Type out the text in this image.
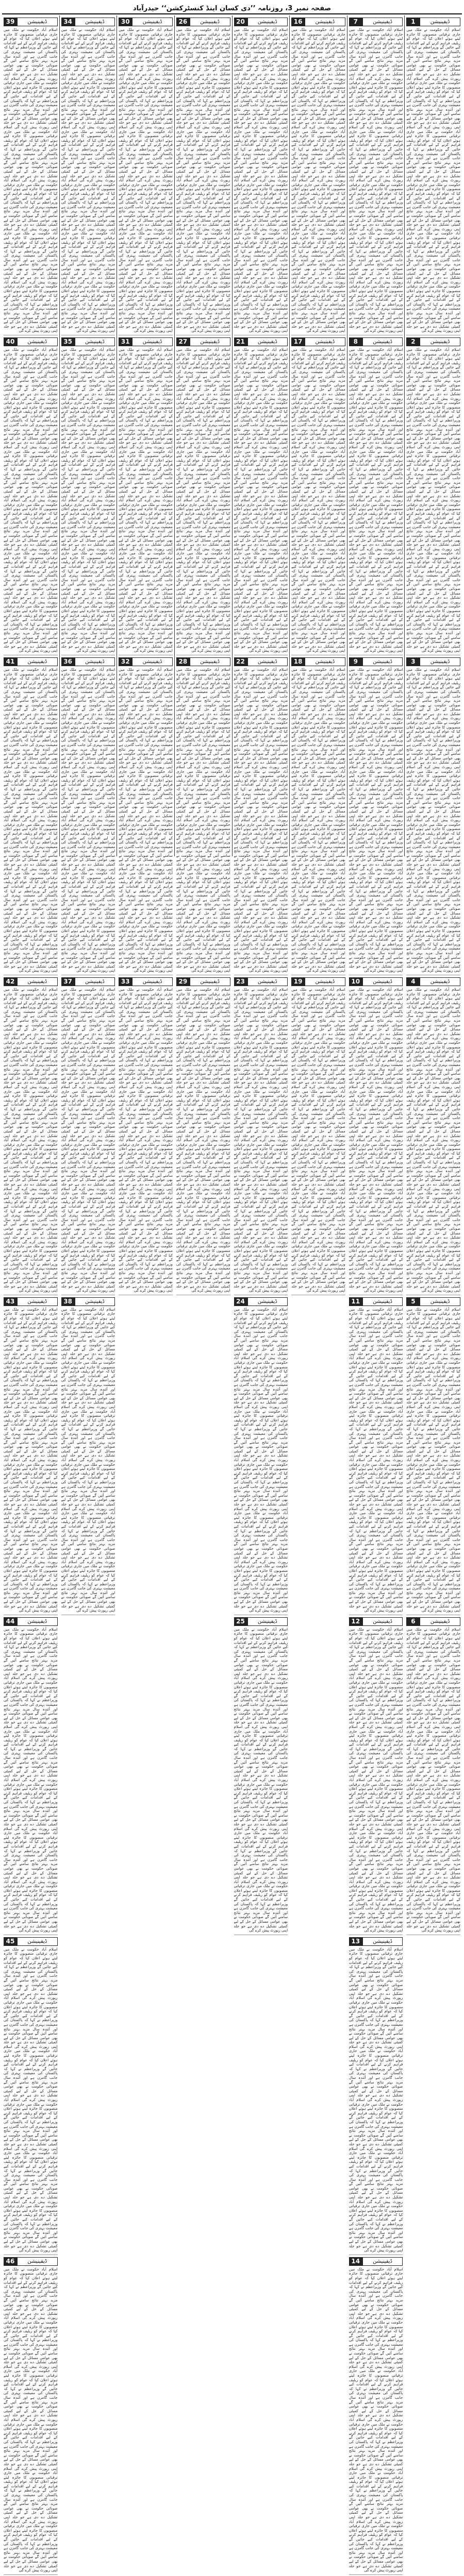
صفحہ نمبر 3، روزنامہ ’’دی کسان اینڈ کنسٹرکشن‘‘ حیدرآباد
1	ڈیفینیشن
اسلام آباد حکومت نے ملک میں جاری ترقیاتی منصوبوں کا جائزہ لیتے ہوئے اعلان کیا کہ عوام کو ریلیف فراہم کرنے کے لیے اقدامات کیے جائیں گے وزیراعظم نے کہا کہ پاکستان کی معیشت بہتری کی جانب گامزن ہے اور آئندہ سال مزید بہتر نتائج سامنے آئیں گے صوبائی حکومت نے بھی عوامی مسائل کے حل کے لیے کمیٹی تشکیل دے دی ہے جو جلد اپنی رپورٹ پیش کرے گی اسلام آباد حکومت نے ملک میں جاری ترقیاتی منصوبوں کا جائزہ لیتے ہوئے اعلان کیا کہ عوام کو ریلیف فراہم کرنے کے لیے اقدامات کیے جائیں گے وزیراعظم نے کہا کہ پاکستان کی معیشت بہتری کی جانب گامزن ہے اور آئندہ سال مزید بہتر نتائج سامنے آئیں گے صوبائی حکومت نے بھی عوامی مسائل کے حل کے لیے کمیٹی تشکیل دے دی ہے جو جلد اپنی رپورٹ پیش کرے گی اسلام آباد حکومت نے ملک میں جاری ترقیاتی منصوبوں کا جائزہ لیتے ہوئے اعلان کیا کہ عوام کو ریلیف فراہم کرنے کے لیے اقدامات کیے جائیں گے وزیراعظم نے کہا کہ پاکستان کی معیشت بہتری کی جانب گامزن ہے اور آئندہ سال مزید بہتر نتائج سامنے آئیں گے صوبائی حکومت نے بھی عوامی مسائل کے حل کے لیے کمیٹی تشکیل دے دی ہے جو جلد اپنی رپورٹ پیش کرے گی اسلام آباد حکومت نے ملک میں جاری ترقیاتی منصوبوں کا جائزہ لیتے ہوئے اعلان کیا کہ عوام کو ریلیف فراہم کرنے کے لیے اقدامات کیے جائیں گے وزیراعظم نے کہا کہ پاکستان کی معیشت بہتری کی جانب گامزن ہے اور آئندہ سال مزید بہتر نتائج سامنے آئیں گے صوبائی حکومت نے بھی عوامی مسائل کے حل کے لیے کمیٹی تشکیل دے دی ہے جو جلد اپنی رپورٹ پیش کرے گی اسلام آباد حکومت نے ملک میں جاری ترقیاتی منصوبوں کا جائزہ لیتے ہوئے اعلان کیا کہ عوام کو ریلیف فراہم کرنے کے لیے اقدامات کیے جائیں گے وزیراعظم نے کہا کہ پاکستان کی معیشت بہتری کی جانب گامزن ہے اور آئندہ سال مزید بہتر نتائج سامنے آئیں گے صوبائی حکومت نے بھی عوامی مسائل کے حل کے لیے کمیٹی تشکیل دے دی ہے جو جلد اپنی رپورٹ پیش کرے گی اسلام آباد حکومت نے ملک میں جاری ترقیاتی منصوبوں کا جائزہ لیتے ہوئے اعلان کیا کہ عوام کو ریلیف فراہم کرنے کے لیے اقدامات کیے جائیں گے وزیراعظم نے کہا کہ پاکستان کی معیشت بہتری کی جانب گامزن ہے اور آئندہ سال مزید بہتر نتائج سامنے آئیں گے صوبائی حکومت نے بھی عوامی مسائل کے حل کے لیے کمیٹی تشکیل دے دی ہے جو جلد اپنی رپورٹ پیش کرے گی
2	ڈیفینیشن
اسلام آباد حکومت نے ملک میں جاری ترقیاتی منصوبوں کا جائزہ لیتے ہوئے اعلان کیا کہ عوام کو ریلیف فراہم کرنے کے لیے اقدامات کیے جائیں گے وزیراعظم نے کہا کہ پاکستان کی معیشت بہتری کی جانب گامزن ہے اور آئندہ سال مزید بہتر نتائج سامنے آئیں گے صوبائی حکومت نے بھی عوامی مسائل کے حل کے لیے کمیٹی تشکیل دے دی ہے جو جلد اپنی رپورٹ پیش کرے گی اسلام آباد حکومت نے ملک میں جاری ترقیاتی منصوبوں کا جائزہ لیتے ہوئے اعلان کیا کہ عوام کو ریلیف فراہم کرنے کے لیے اقدامات کیے جائیں گے وزیراعظم نے کہا کہ پاکستان کی معیشت بہتری کی جانب گامزن ہے اور آئندہ سال مزید بہتر نتائج سامنے آئیں گے صوبائی حکومت نے بھی عوامی مسائل کے حل کے لیے کمیٹی تشکیل دے دی ہے جو جلد اپنی رپورٹ پیش کرے گی اسلام آباد حکومت نے ملک میں جاری ترقیاتی منصوبوں کا جائزہ لیتے ہوئے اعلان کیا کہ عوام کو ریلیف فراہم کرنے کے لیے اقدامات کیے جائیں گے وزیراعظم نے کہا کہ پاکستان کی معیشت بہتری کی جانب گامزن ہے اور آئندہ سال مزید بہتر نتائج سامنے آئیں گے صوبائی حکومت نے بھی عوامی مسائل کے حل کے لیے کمیٹی تشکیل دے دی ہے جو جلد اپنی رپورٹ پیش کرے گی اسلام آباد حکومت نے ملک میں جاری ترقیاتی منصوبوں کا جائزہ لیتے ہوئے اعلان کیا کہ عوام کو ریلیف فراہم کرنے کے لیے اقدامات کیے جائیں گے وزیراعظم نے کہا کہ پاکستان کی معیشت بہتری کی جانب گامزن ہے اور آئندہ سال مزید بہتر نتائج سامنے آئیں گے صوبائی حکومت نے بھی عوامی مسائل کے حل کے لیے کمیٹی تشکیل دے دی ہے جو جلد اپنی رپورٹ پیش کرے گی اسلام آباد حکومت نے ملک میں جاری ترقیاتی منصوبوں کا جائزہ لیتے ہوئے اعلان کیا کہ عوام کو ریلیف فراہم کرنے کے لیے اقدامات کیے جائیں گے وزیراعظم نے کہا کہ پاکستان کی معیشت بہتری کی جانب گامزن ہے اور آئندہ سال مزید بہتر نتائج سامنے آئیں گے صوبائی حکومت نے بھی عوامی مسائل کے حل کے لیے کمیٹی تشکیل دے دی ہے جو جلد اپنی رپورٹ پیش کرے گی اسلام آباد حکومت نے ملک میں جاری ترقیاتی منصوبوں کا جائزہ لیتے ہوئے اعلان کیا کہ عوام کو ریلیف فراہم کرنے کے لیے اقدامات کیے جائیں گے وزیراعظم نے کہا کہ پاکستان کی معیشت بہتری کی جانب گامزن ہے اور آئندہ سال مزید بہتر نتائج سامنے آئیں گے صوبائی حکومت نے بھی عوامی مسائل کے حل کے لیے کمیٹی تشکیل دے دی ہے جو جلد اپنی رپورٹ پیش کرے گی
3	ڈیفینیشن
اسلام آباد حکومت نے ملک میں جاری ترقیاتی منصوبوں کا جائزہ لیتے ہوئے اعلان کیا کہ عوام کو ریلیف فراہم کرنے کے لیے اقدامات کیے جائیں گے وزیراعظم نے کہا کہ پاکستان کی معیشت بہتری کی جانب گامزن ہے اور آئندہ سال مزید بہتر نتائج سامنے آئیں گے صوبائی حکومت نے بھی عوامی مسائل کے حل کے لیے کمیٹی تشکیل دے دی ہے جو جلد اپنی رپورٹ پیش کرے گی اسلام آباد حکومت نے ملک میں جاری ترقیاتی منصوبوں کا جائزہ لیتے ہوئے اعلان کیا کہ عوام کو ریلیف فراہم کرنے کے لیے اقدامات کیے جائیں گے وزیراعظم نے کہا کہ پاکستان کی معیشت بہتری کی جانب گامزن ہے اور آئندہ سال مزید بہتر نتائج سامنے آئیں گے صوبائی حکومت نے بھی عوامی مسائل کے حل کے لیے کمیٹی تشکیل دے دی ہے جو جلد اپنی رپورٹ پیش کرے گی اسلام آباد حکومت نے ملک میں جاری ترقیاتی منصوبوں کا جائزہ لیتے ہوئے اعلان کیا کہ عوام کو ریلیف فراہم کرنے کے لیے اقدامات کیے جائیں گے وزیراعظم نے کہا کہ پاکستان کی معیشت بہتری کی جانب گامزن ہے اور آئندہ سال مزید بہتر نتائج سامنے آئیں گے صوبائی حکومت نے بھی عوامی مسائل کے حل کے لیے کمیٹی تشکیل دے دی ہے جو جلد اپنی رپورٹ پیش کرے گی اسلام آباد حکومت نے ملک میں جاری ترقیاتی منصوبوں کا جائزہ لیتے ہوئے اعلان کیا کہ عوام کو ریلیف فراہم کرنے کے لیے اقدامات کیے جائیں گے وزیراعظم نے کہا کہ پاکستان کی معیشت بہتری کی جانب گامزن ہے اور آئندہ سال مزید بہتر نتائج سامنے آئیں گے صوبائی حکومت نے بھی عوامی مسائل کے حل کے لیے کمیٹی تشکیل دے دی ہے جو جلد اپنی رپورٹ پیش کرے گی اسلام آباد حکومت نے ملک میں جاری ترقیاتی منصوبوں کا جائزہ لیتے ہوئے اعلان کیا کہ عوام کو ریلیف فراہم کرنے کے لیے اقدامات کیے جائیں گے وزیراعظم نے کہا کہ پاکستان کی معیشت بہتری کی جانب گامزن ہے اور آئندہ سال مزید بہتر نتائج سامنے آئیں گے صوبائی حکومت نے بھی عوامی مسائل کے حل کے لیے کمیٹی تشکیل دے دی ہے جو جلد اپنی رپورٹ پیش کرے گی اسلام آباد حکومت نے ملک میں جاری ترقیاتی منصوبوں کا جائزہ لیتے ہوئے اعلان کیا کہ عوام کو ریلیف فراہم کرنے کے لیے اقدامات کیے جائیں گے وزیراعظم نے کہا کہ پاکستان کی معیشت بہتری کی جانب گامزن ہے اور آئندہ سال مزید بہتر نتائج سامنے آئیں گے صوبائی حکومت نے بھی عوامی مسائل کے حل کے لیے کمیٹی تشکیل دے دی ہے جو جلد اپنی رپورٹ پیش کرے گی
4	ڈیفینیشن
اسلام آباد حکومت نے ملک میں جاری ترقیاتی منصوبوں کا جائزہ لیتے ہوئے اعلان کیا کہ عوام کو ریلیف فراہم کرنے کے لیے اقدامات کیے جائیں گے وزیراعظم نے کہا کہ پاکستان کی معیشت بہتری کی جانب گامزن ہے اور آئندہ سال مزید بہتر نتائج سامنے آئیں گے صوبائی حکومت نے بھی عوامی مسائل کے حل کے لیے کمیٹی تشکیل دے دی ہے جو جلد اپنی رپورٹ پیش کرے گی اسلام آباد حکومت نے ملک میں جاری ترقیاتی منصوبوں کا جائزہ لیتے ہوئے اعلان کیا کہ عوام کو ریلیف فراہم کرنے کے لیے اقدامات کیے جائیں گے وزیراعظم نے کہا کہ پاکستان کی معیشت بہتری کی جانب گامزن ہے اور آئندہ سال مزید بہتر نتائج سامنے آئیں گے صوبائی حکومت نے بھی عوامی مسائل کے حل کے لیے کمیٹی تشکیل دے دی ہے جو جلد اپنی رپورٹ پیش کرے گی اسلام آباد حکومت نے ملک میں جاری ترقیاتی منصوبوں کا جائزہ لیتے ہوئے اعلان کیا کہ عوام کو ریلیف فراہم کرنے کے لیے اقدامات کیے جائیں گے وزیراعظم نے کہا کہ پاکستان کی معیشت بہتری کی جانب گامزن ہے اور آئندہ سال مزید بہتر نتائج سامنے آئیں گے صوبائی حکومت نے بھی عوامی مسائل کے حل کے لیے کمیٹی تشکیل دے دی ہے جو جلد اپنی رپورٹ پیش کرے گی اسلام آباد حکومت نے ملک میں جاری ترقیاتی منصوبوں کا جائزہ لیتے ہوئے اعلان کیا کہ عوام کو ریلیف فراہم کرنے کے لیے اقدامات کیے جائیں گے وزیراعظم نے کہا کہ پاکستان کی معیشت بہتری کی جانب گامزن ہے اور آئندہ سال مزید بہتر نتائج سامنے آئیں گے صوبائی حکومت نے بھی عوامی مسائل کے حل کے لیے کمیٹی تشکیل دے دی ہے جو جلد اپنی رپورٹ پیش کرے گی اسلام آباد حکومت نے ملک میں جاری ترقیاتی منصوبوں کا جائزہ لیتے ہوئے اعلان کیا کہ عوام کو ریلیف فراہم کرنے کے لیے اقدامات کیے جائیں گے وزیراعظم نے کہا کہ پاکستان کی معیشت بہتری کی جانب گامزن ہے اور آئندہ سال مزید بہتر نتائج سامنے آئیں گے صوبائی حکومت نے بھی عوامی مسائل کے حل کے لیے کمیٹی تشکیل دے دی ہے جو جلد اپنی رپورٹ پیش کرے گی اسلام آباد حکومت نے ملک میں جاری ترقیاتی منصوبوں کا جائزہ لیتے ہوئے اعلان کیا کہ عوام کو ریلیف فراہم کرنے کے لیے اقدامات کیے جائیں گے وزیراعظم نے کہا کہ پاکستان کی معیشت بہتری کی جانب گامزن ہے اور آئندہ سال مزید بہتر نتائج سامنے آئیں گے صوبائی حکومت نے بھی عوامی مسائل کے حل کے لیے کمیٹی تشکیل دے دی ہے جو جلد اپنی رپورٹ پیش کرے گی
5	ڈیفینیشن
اسلام آباد حکومت نے ملک میں جاری ترقیاتی منصوبوں کا جائزہ لیتے ہوئے اعلان کیا کہ عوام کو ریلیف فراہم کرنے کے لیے اقدامات کیے جائیں گے وزیراعظم نے کہا کہ پاکستان کی معیشت بہتری کی جانب گامزن ہے اور آئندہ سال مزید بہتر نتائج سامنے آئیں گے صوبائی حکومت نے بھی عوامی مسائل کے حل کے لیے کمیٹی تشکیل دے دی ہے جو جلد اپنی رپورٹ پیش کرے گی اسلام آباد حکومت نے ملک میں جاری ترقیاتی منصوبوں کا جائزہ لیتے ہوئے اعلان کیا کہ عوام کو ریلیف فراہم کرنے کے لیے اقدامات کیے جائیں گے وزیراعظم نے کہا کہ پاکستان کی معیشت بہتری کی جانب گامزن ہے اور آئندہ سال مزید بہتر نتائج سامنے آئیں گے صوبائی حکومت نے بھی عوامی مسائل کے حل کے لیے کمیٹی تشکیل دے دی ہے جو جلد اپنی رپورٹ پیش کرے گی اسلام آباد حکومت نے ملک میں جاری ترقیاتی منصوبوں کا جائزہ لیتے ہوئے اعلان کیا کہ عوام کو ریلیف فراہم کرنے کے لیے اقدامات کیے جائیں گے وزیراعظم نے کہا کہ پاکستان کی معیشت بہتری کی جانب گامزن ہے اور آئندہ سال مزید بہتر نتائج سامنے آئیں گے صوبائی حکومت نے بھی عوامی مسائل کے حل کے لیے کمیٹی تشکیل دے دی ہے جو جلد اپنی رپورٹ پیش کرے گی اسلام آباد حکومت نے ملک میں جاری ترقیاتی منصوبوں کا جائزہ لیتے ہوئے اعلان کیا کہ عوام کو ریلیف فراہم کرنے کے لیے اقدامات کیے جائیں گے وزیراعظم نے کہا کہ پاکستان کی معیشت بہتری کی جانب گامزن ہے اور آئندہ سال مزید بہتر نتائج سامنے آئیں گے صوبائی حکومت نے بھی عوامی مسائل کے حل کے لیے کمیٹی تشکیل دے دی ہے جو جلد اپنی رپورٹ پیش کرے گی اسلام آباد حکومت نے ملک میں جاری ترقیاتی منصوبوں کا جائزہ لیتے ہوئے اعلان کیا کہ عوام کو ریلیف فراہم کرنے کے لیے اقدامات کیے جائیں گے وزیراعظم نے کہا کہ پاکستان کی معیشت بہتری کی جانب گامزن ہے اور آئندہ سال مزید بہتر نتائج سامنے آئیں گے صوبائی حکومت نے بھی عوامی مسائل کے حل کے لیے کمیٹی تشکیل دے دی ہے جو جلد اپنی رپورٹ پیش کرے گی اسلام آباد حکومت نے ملک میں جاری ترقیاتی منصوبوں کا جائزہ لیتے ہوئے اعلان کیا کہ عوام کو ریلیف فراہم کرنے کے لیے اقدامات کیے جائیں گے وزیراعظم نے کہا کہ پاکستان کی معیشت بہتری کی جانب گامزن ہے اور آئندہ سال مزید بہتر نتائج سامنے آئیں گے صوبائی حکومت نے بھی عوامی مسائل کے حل کے لیے کمیٹی تشکیل دے دی ہے جو جلد اپنی رپورٹ پیش کرے گی
6	ڈیفینیشن
اسلام آباد حکومت نے ملک میں جاری ترقیاتی منصوبوں کا جائزہ لیتے ہوئے اعلان کیا کہ عوام کو ریلیف فراہم کرنے کے لیے اقدامات کیے جائیں گے وزیراعظم نے کہا کہ پاکستان کی معیشت بہتری کی جانب گامزن ہے اور آئندہ سال مزید بہتر نتائج سامنے آئیں گے صوبائی حکومت نے بھی عوامی مسائل کے حل کے لیے کمیٹی تشکیل دے دی ہے جو جلد اپنی رپورٹ پیش کرے گی اسلام آباد حکومت نے ملک میں جاری ترقیاتی منصوبوں کا جائزہ لیتے ہوئے اعلان کیا کہ عوام کو ریلیف فراہم کرنے کے لیے اقدامات کیے جائیں گے وزیراعظم نے کہا کہ پاکستان کی معیشت بہتری کی جانب گامزن ہے اور آئندہ سال مزید بہتر نتائج سامنے آئیں گے صوبائی حکومت نے بھی عوامی مسائل کے حل کے لیے کمیٹی تشکیل دے دی ہے جو جلد اپنی رپورٹ پیش کرے گی اسلام آباد حکومت نے ملک میں جاری ترقیاتی منصوبوں کا جائزہ لیتے ہوئے اعلان کیا کہ عوام کو ریلیف فراہم کرنے کے لیے اقدامات کیے جائیں گے وزیراعظم نے کہا کہ پاکستان کی معیشت بہتری کی جانب گامزن ہے اور آئندہ سال مزید بہتر نتائج سامنے آئیں گے صوبائی حکومت نے بھی عوامی مسائل کے حل کے لیے کمیٹی تشکیل دے دی ہے جو جلد اپنی رپورٹ پیش کرے گی اسلام آباد حکومت نے ملک میں جاری ترقیاتی منصوبوں کا جائزہ لیتے ہوئے اعلان کیا کہ عوام کو ریلیف فراہم کرنے کے لیے اقدامات کیے جائیں گے وزیراعظم نے کہا کہ پاکستان کی معیشت بہتری کی جانب گامزن ہے اور آئندہ سال مزید بہتر نتائج سامنے آئیں گے صوبائی حکومت نے بھی عوامی مسائل کے حل کے لیے کمیٹی تشکیل دے دی ہے جو جلد اپنی رپورٹ پیش کرے گی اسلام آباد حکومت نے ملک میں جاری ترقیاتی منصوبوں کا جائزہ لیتے ہوئے اعلان کیا کہ عوام کو ریلیف فراہم کرنے کے لیے اقدامات کیے جائیں گے وزیراعظم نے کہا کہ پاکستان کی معیشت بہتری کی جانب گامزن ہے اور آئندہ سال مزید بہتر نتائج سامنے آئیں گے صوبائی حکومت نے بھی عوامی مسائل کے حل کے لیے کمیٹی تشکیل دے دی ہے جو جلد اپنی رپورٹ پیش کرے گی اسلام آباد حکومت نے ملک میں جاری ترقیاتی منصوبوں کا جائزہ لیتے ہوئے اعلان کیا کہ عوام کو ریلیف فراہم کرنے کے لیے اقدامات کیے جائیں گے وزیراعظم نے کہا کہ پاکستان کی معیشت بہتری کی جانب گامزن ہے اور آئندہ سال مزید بہتر نتائج سامنے آئیں گے صوبائی حکومت نے بھی عوامی مسائل کے حل کے لیے کمیٹی تشکیل دے دی ہے جو جلد اپنی رپورٹ پیش کرے گی
7	ڈیفینیشن
اسلام آباد حکومت نے ملک میں جاری ترقیاتی منصوبوں کا جائزہ لیتے ہوئے اعلان کیا کہ عوام کو ریلیف فراہم کرنے کے لیے اقدامات کیے جائیں گے وزیراعظم نے کہا کہ پاکستان کی معیشت بہتری کی جانب گامزن ہے اور آئندہ سال مزید بہتر نتائج سامنے آئیں گے صوبائی حکومت نے بھی عوامی مسائل کے حل کے لیے کمیٹی تشکیل دے دی ہے جو جلد اپنی رپورٹ پیش کرے گی اسلام آباد حکومت نے ملک میں جاری ترقیاتی منصوبوں کا جائزہ لیتے ہوئے اعلان کیا کہ عوام کو ریلیف فراہم کرنے کے لیے اقدامات کیے جائیں گے وزیراعظم نے کہا کہ پاکستان کی معیشت بہتری کی جانب گامزن ہے اور آئندہ سال مزید بہتر نتائج سامنے آئیں گے صوبائی حکومت نے بھی عوامی مسائل کے حل کے لیے کمیٹی تشکیل دے دی ہے جو جلد اپنی رپورٹ پیش کرے گی اسلام آباد حکومت نے ملک میں جاری ترقیاتی منصوبوں کا جائزہ لیتے ہوئے اعلان کیا کہ عوام کو ریلیف فراہم کرنے کے لیے اقدامات کیے جائیں گے وزیراعظم نے کہا کہ پاکستان کی معیشت بہتری کی جانب گامزن ہے اور آئندہ سال مزید بہتر نتائج سامنے آئیں گے صوبائی حکومت نے بھی عوامی مسائل کے حل کے لیے کمیٹی تشکیل دے دی ہے جو جلد اپنی رپورٹ پیش کرے گی اسلام آباد حکومت نے ملک میں جاری ترقیاتی منصوبوں کا جائزہ لیتے ہوئے اعلان کیا کہ عوام کو ریلیف فراہم کرنے کے لیے اقدامات کیے جائیں گے وزیراعظم نے کہا کہ پاکستان کی معیشت بہتری کی جانب گامزن ہے اور آئندہ سال مزید بہتر نتائج سامنے آئیں گے صوبائی حکومت نے بھی عوامی مسائل کے حل کے لیے کمیٹی تشکیل دے دی ہے جو جلد اپنی رپورٹ پیش کرے گی اسلام آباد حکومت نے ملک میں جاری ترقیاتی منصوبوں کا جائزہ لیتے ہوئے اعلان کیا کہ عوام کو ریلیف فراہم کرنے کے لیے اقدامات کیے جائیں گے وزیراعظم نے کہا کہ پاکستان کی معیشت بہتری کی جانب گامزن ہے اور آئندہ سال مزید بہتر نتائج سامنے آئیں گے صوبائی حکومت نے بھی عوامی مسائل کے حل کے لیے کمیٹی تشکیل دے دی ہے جو جلد اپنی رپورٹ پیش کرے گی اسلام آباد حکومت نے ملک میں جاری ترقیاتی منصوبوں کا جائزہ لیتے ہوئے اعلان کیا کہ عوام کو ریلیف فراہم کرنے کے لیے اقدامات کیے جائیں گے وزیراعظم نے کہا کہ پاکستان کی معیشت بہتری کی جانب گامزن ہے اور آئندہ سال مزید بہتر نتائج سامنے آئیں گے صوبائی حکومت نے بھی عوامی مسائل کے حل کے لیے کمیٹی تشکیل دے دی ہے جو جلد اپنی رپورٹ پیش کرے گی
8	ڈیفینیشن
اسلام آباد حکومت نے ملک میں جاری ترقیاتی منصوبوں کا جائزہ لیتے ہوئے اعلان کیا کہ عوام کو ریلیف فراہم کرنے کے لیے اقدامات کیے جائیں گے وزیراعظم نے کہا کہ پاکستان کی معیشت بہتری کی جانب گامزن ہے اور آئندہ سال مزید بہتر نتائج سامنے آئیں گے صوبائی حکومت نے بھی عوامی مسائل کے حل کے لیے کمیٹی تشکیل دے دی ہے جو جلد اپنی رپورٹ پیش کرے گی اسلام آباد حکومت نے ملک میں جاری ترقیاتی منصوبوں کا جائزہ لیتے ہوئے اعلان کیا کہ عوام کو ریلیف فراہم کرنے کے لیے اقدامات کیے جائیں گے وزیراعظم نے کہا کہ پاکستان کی معیشت بہتری کی جانب گامزن ہے اور آئندہ سال مزید بہتر نتائج سامنے آئیں گے صوبائی حکومت نے بھی عوامی مسائل کے حل کے لیے کمیٹی تشکیل دے دی ہے جو جلد اپنی رپورٹ پیش کرے گی اسلام آباد حکومت نے ملک میں جاری ترقیاتی منصوبوں کا جائزہ لیتے ہوئے اعلان کیا کہ عوام کو ریلیف فراہم کرنے کے لیے اقدامات کیے جائیں گے وزیراعظم نے کہا کہ پاکستان کی معیشت بہتری کی جانب گامزن ہے اور آئندہ سال مزید بہتر نتائج سامنے آئیں گے صوبائی حکومت نے بھی عوامی مسائل کے حل کے لیے کمیٹی تشکیل دے دی ہے جو جلد اپنی رپورٹ پیش کرے گی اسلام آباد حکومت نے ملک میں جاری ترقیاتی منصوبوں کا جائزہ لیتے ہوئے اعلان کیا کہ عوام کو ریلیف فراہم کرنے کے لیے اقدامات کیے جائیں گے وزیراعظم نے کہا کہ پاکستان کی معیشت بہتری کی جانب گامزن ہے اور آئندہ سال مزید بہتر نتائج سامنے آئیں گے صوبائی حکومت نے بھی عوامی مسائل کے حل کے لیے کمیٹی تشکیل دے دی ہے جو جلد اپنی رپورٹ پیش کرے گی اسلام آباد حکومت نے ملک میں جاری ترقیاتی منصوبوں کا جائزہ لیتے ہوئے اعلان کیا کہ عوام کو ریلیف فراہم کرنے کے لیے اقدامات کیے جائیں گے وزیراعظم نے کہا کہ پاکستان کی معیشت بہتری کی جانب گامزن ہے اور آئندہ سال مزید بہتر نتائج سامنے آئیں گے صوبائی حکومت نے بھی عوامی مسائل کے حل کے لیے کمیٹی تشکیل دے دی ہے جو جلد اپنی رپورٹ پیش کرے گی اسلام آباد حکومت نے ملک میں جاری ترقیاتی منصوبوں کا جائزہ لیتے ہوئے اعلان کیا کہ عوام کو ریلیف فراہم کرنے کے لیے اقدامات کیے جائیں گے وزیراعظم نے کہا کہ پاکستان کی معیشت بہتری کی جانب گامزن ہے اور آئندہ سال مزید بہتر نتائج سامنے آئیں گے صوبائی حکومت نے بھی عوامی مسائل کے حل کے لیے کمیٹی تشکیل دے دی ہے جو جلد اپنی رپورٹ پیش کرے گی
9	ڈیفینیشن
اسلام آباد حکومت نے ملک میں جاری ترقیاتی منصوبوں کا جائزہ لیتے ہوئے اعلان کیا کہ عوام کو ریلیف فراہم کرنے کے لیے اقدامات کیے جائیں گے وزیراعظم نے کہا کہ پاکستان کی معیشت بہتری کی جانب گامزن ہے اور آئندہ سال مزید بہتر نتائج سامنے آئیں گے صوبائی حکومت نے بھی عوامی مسائل کے حل کے لیے کمیٹی تشکیل دے دی ہے جو جلد اپنی رپورٹ پیش کرے گی اسلام آباد حکومت نے ملک میں جاری ترقیاتی منصوبوں کا جائزہ لیتے ہوئے اعلان کیا کہ عوام کو ریلیف فراہم کرنے کے لیے اقدامات کیے جائیں گے وزیراعظم نے کہا کہ پاکستان کی معیشت بہتری کی جانب گامزن ہے اور آئندہ سال مزید بہتر نتائج سامنے آئیں گے صوبائی حکومت نے بھی عوامی مسائل کے حل کے لیے کمیٹی تشکیل دے دی ہے جو جلد اپنی رپورٹ پیش کرے گی اسلام آباد حکومت نے ملک میں جاری ترقیاتی منصوبوں کا جائزہ لیتے ہوئے اعلان کیا کہ عوام کو ریلیف فراہم کرنے کے لیے اقدامات کیے جائیں گے وزیراعظم نے کہا کہ پاکستان کی معیشت بہتری کی جانب گامزن ہے اور آئندہ سال مزید بہتر نتائج سامنے آئیں گے صوبائی حکومت نے بھی عوامی مسائل کے حل کے لیے کمیٹی تشکیل دے دی ہے جو جلد اپنی رپورٹ پیش کرے گی اسلام آباد حکومت نے ملک میں جاری ترقیاتی منصوبوں کا جائزہ لیتے ہوئے اعلان کیا کہ عوام کو ریلیف فراہم کرنے کے لیے اقدامات کیے جائیں گے وزیراعظم نے کہا کہ پاکستان کی معیشت بہتری کی جانب گامزن ہے اور آئندہ سال مزید بہتر نتائج سامنے آئیں گے صوبائی حکومت نے بھی عوامی مسائل کے حل کے لیے کمیٹی تشکیل دے دی ہے جو جلد اپنی رپورٹ پیش کرے گی اسلام آباد حکومت نے ملک میں جاری ترقیاتی منصوبوں کا جائزہ لیتے ہوئے اعلان کیا کہ عوام کو ریلیف فراہم کرنے کے لیے اقدامات کیے جائیں گے وزیراعظم نے کہا کہ پاکستان کی معیشت بہتری کی جانب گامزن ہے اور آئندہ سال مزید بہتر نتائج سامنے آئیں گے صوبائی حکومت نے بھی عوامی مسائل کے حل کے لیے کمیٹی تشکیل دے دی ہے جو جلد اپنی رپورٹ پیش کرے گی اسلام آباد حکومت نے ملک میں جاری ترقیاتی منصوبوں کا جائزہ لیتے ہوئے اعلان کیا کہ عوام کو ریلیف فراہم کرنے کے لیے اقدامات کیے جائیں گے وزیراعظم نے کہا کہ پاکستان کی معیشت بہتری کی جانب گامزن ہے اور آئندہ سال مزید بہتر نتائج سامنے آئیں گے صوبائی حکومت نے بھی عوامی مسائل کے حل کے لیے کمیٹی تشکیل دے دی ہے جو جلد اپنی رپورٹ پیش کرے گی
10	ڈیفینیشن
اسلام آباد حکومت نے ملک میں جاری ترقیاتی منصوبوں کا جائزہ لیتے ہوئے اعلان کیا کہ عوام کو ریلیف فراہم کرنے کے لیے اقدامات کیے جائیں گے وزیراعظم نے کہا کہ پاکستان کی معیشت بہتری کی جانب گامزن ہے اور آئندہ سال مزید بہتر نتائج سامنے آئیں گے صوبائی حکومت نے بھی عوامی مسائل کے حل کے لیے کمیٹی تشکیل دے دی ہے جو جلد اپنی رپورٹ پیش کرے گی اسلام آباد حکومت نے ملک میں جاری ترقیاتی منصوبوں کا جائزہ لیتے ہوئے اعلان کیا کہ عوام کو ریلیف فراہم کرنے کے لیے اقدامات کیے جائیں گے وزیراعظم نے کہا کہ پاکستان کی معیشت بہتری کی جانب گامزن ہے اور آئندہ سال مزید بہتر نتائج سامنے آئیں گے صوبائی حکومت نے بھی عوامی مسائل کے حل کے لیے کمیٹی تشکیل دے دی ہے جو جلد اپنی رپورٹ پیش کرے گی اسلام آباد حکومت نے ملک میں جاری ترقیاتی منصوبوں کا جائزہ لیتے ہوئے اعلان کیا کہ عوام کو ریلیف فراہم کرنے کے لیے اقدامات کیے جائیں گے وزیراعظم نے کہا کہ پاکستان کی معیشت بہتری کی جانب گامزن ہے اور آئندہ سال مزید بہتر نتائج سامنے آئیں گے صوبائی حکومت نے بھی عوامی مسائل کے حل کے لیے کمیٹی تشکیل دے دی ہے جو جلد اپنی رپورٹ پیش کرے گی اسلام آباد حکومت نے ملک میں جاری ترقیاتی منصوبوں کا جائزہ لیتے ہوئے اعلان کیا کہ عوام کو ریلیف فراہم کرنے کے لیے اقدامات کیے جائیں گے وزیراعظم نے کہا کہ پاکستان کی معیشت بہتری کی جانب گامزن ہے اور آئندہ سال مزید بہتر نتائج سامنے آئیں گے صوبائی حکومت نے بھی عوامی مسائل کے حل کے لیے کمیٹی تشکیل دے دی ہے جو جلد اپنی رپورٹ پیش کرے گی اسلام آباد حکومت نے ملک میں جاری ترقیاتی منصوبوں کا جائزہ لیتے ہوئے اعلان کیا کہ عوام کو ریلیف فراہم کرنے کے لیے اقدامات کیے جائیں گے وزیراعظم نے کہا کہ پاکستان کی معیشت بہتری کی جانب گامزن ہے اور آئندہ سال مزید بہتر نتائج سامنے آئیں گے صوبائی حکومت نے بھی عوامی مسائل کے حل کے لیے کمیٹی تشکیل دے دی ہے جو جلد اپنی رپورٹ پیش کرے گی اسلام آباد حکومت نے ملک میں جاری ترقیاتی منصوبوں کا جائزہ لیتے ہوئے اعلان کیا کہ عوام کو ریلیف فراہم کرنے کے لیے اقدامات کیے جائیں گے وزیراعظم نے کہا کہ پاکستان کی معیشت بہتری کی جانب گامزن ہے اور آئندہ سال مزید بہتر نتائج سامنے آئیں گے صوبائی حکومت نے بھی عوامی مسائل کے حل کے لیے کمیٹی تشکیل دے دی ہے جو جلد اپنی رپورٹ پیش کرے گی
11	ڈیفینیشن
اسلام آباد حکومت نے ملک میں جاری ترقیاتی منصوبوں کا جائزہ لیتے ہوئے اعلان کیا کہ عوام کو ریلیف فراہم کرنے کے لیے اقدامات کیے جائیں گے وزیراعظم نے کہا کہ پاکستان کی معیشت بہتری کی جانب گامزن ہے اور آئندہ سال مزید بہتر نتائج سامنے آئیں گے صوبائی حکومت نے بھی عوامی مسائل کے حل کے لیے کمیٹی تشکیل دے دی ہے جو جلد اپنی رپورٹ پیش کرے گی اسلام آباد حکومت نے ملک میں جاری ترقیاتی منصوبوں کا جائزہ لیتے ہوئے اعلان کیا کہ عوام کو ریلیف فراہم کرنے کے لیے اقدامات کیے جائیں گے وزیراعظم نے کہا کہ پاکستان کی معیشت بہتری کی جانب گامزن ہے اور آئندہ سال مزید بہتر نتائج سامنے آئیں گے صوبائی حکومت نے بھی عوامی مسائل کے حل کے لیے کمیٹی تشکیل دے دی ہے جو جلد اپنی رپورٹ پیش کرے گی اسلام آباد حکومت نے ملک میں جاری ترقیاتی منصوبوں کا جائزہ لیتے ہوئے اعلان کیا کہ عوام کو ریلیف فراہم کرنے کے لیے اقدامات کیے جائیں گے وزیراعظم نے کہا کہ پاکستان کی معیشت بہتری کی جانب گامزن ہے اور آئندہ سال مزید بہتر نتائج سامنے آئیں گے صوبائی حکومت نے بھی عوامی مسائل کے حل کے لیے کمیٹی تشکیل دے دی ہے جو جلد اپنی رپورٹ پیش کرے گی اسلام آباد حکومت نے ملک میں جاری ترقیاتی منصوبوں کا جائزہ لیتے ہوئے اعلان کیا کہ عوام کو ریلیف فراہم کرنے کے لیے اقدامات کیے جائیں گے وزیراعظم نے کہا کہ پاکستان کی معیشت بہتری کی جانب گامزن ہے اور آئندہ سال مزید بہتر نتائج سامنے آئیں گے صوبائی حکومت نے بھی عوامی مسائل کے حل کے لیے کمیٹی تشکیل دے دی ہے جو جلد اپنی رپورٹ پیش کرے گی اسلام آباد حکومت نے ملک میں جاری ترقیاتی منصوبوں کا جائزہ لیتے ہوئے اعلان کیا کہ عوام کو ریلیف فراہم کرنے کے لیے اقدامات کیے جائیں گے وزیراعظم نے کہا کہ پاکستان کی معیشت بہتری کی جانب گامزن ہے اور آئندہ سال مزید بہتر نتائج سامنے آئیں گے صوبائی حکومت نے بھی عوامی مسائل کے حل کے لیے کمیٹی تشکیل دے دی ہے جو جلد اپنی رپورٹ پیش کرے گی اسلام آباد حکومت نے ملک میں جاری ترقیاتی منصوبوں کا جائزہ لیتے ہوئے اعلان کیا کہ عوام کو ریلیف فراہم کرنے کے لیے اقدامات کیے جائیں گے وزیراعظم نے کہا کہ پاکستان کی معیشت بہتری کی جانب گامزن ہے اور آئندہ سال مزید بہتر نتائج سامنے آئیں گے صوبائی حکومت نے بھی عوامی مسائل کے حل کے لیے کمیٹی تشکیل دے دی ہے جو جلد اپنی رپورٹ پیش کرے گی
12	ڈیفینیشن
اسلام آباد حکومت نے ملک میں جاری ترقیاتی منصوبوں کا جائزہ لیتے ہوئے اعلان کیا کہ عوام کو ریلیف فراہم کرنے کے لیے اقدامات کیے جائیں گے وزیراعظم نے کہا کہ پاکستان کی معیشت بہتری کی جانب گامزن ہے اور آئندہ سال مزید بہتر نتائج سامنے آئیں گے صوبائی حکومت نے بھی عوامی مسائل کے حل کے لیے کمیٹی تشکیل دے دی ہے جو جلد اپنی رپورٹ پیش کرے گی اسلام آباد حکومت نے ملک میں جاری ترقیاتی منصوبوں کا جائزہ لیتے ہوئے اعلان کیا کہ عوام کو ریلیف فراہم کرنے کے لیے اقدامات کیے جائیں گے وزیراعظم نے کہا کہ پاکستان کی معیشت بہتری کی جانب گامزن ہے اور آئندہ سال مزید بہتر نتائج سامنے آئیں گے صوبائی حکومت نے بھی عوامی مسائل کے حل کے لیے کمیٹی تشکیل دے دی ہے جو جلد اپنی رپورٹ پیش کرے گی اسلام آباد حکومت نے ملک میں جاری ترقیاتی منصوبوں کا جائزہ لیتے ہوئے اعلان کیا کہ عوام کو ریلیف فراہم کرنے کے لیے اقدامات کیے جائیں گے وزیراعظم نے کہا کہ پاکستان کی معیشت بہتری کی جانب گامزن ہے اور آئندہ سال مزید بہتر نتائج سامنے آئیں گے صوبائی حکومت نے بھی عوامی مسائل کے حل کے لیے کمیٹی تشکیل دے دی ہے جو جلد اپنی رپورٹ پیش کرے گی اسلام آباد حکومت نے ملک میں جاری ترقیاتی منصوبوں کا جائزہ لیتے ہوئے اعلان کیا کہ عوام کو ریلیف فراہم کرنے کے لیے اقدامات کیے جائیں گے وزیراعظم نے کہا کہ پاکستان کی معیشت بہتری کی جانب گامزن ہے اور آئندہ سال مزید بہتر نتائج سامنے آئیں گے صوبائی حکومت نے بھی عوامی مسائل کے حل کے لیے کمیٹی تشکیل دے دی ہے جو جلد اپنی رپورٹ پیش کرے گی اسلام آباد حکومت نے ملک میں جاری ترقیاتی منصوبوں کا جائزہ لیتے ہوئے اعلان کیا کہ عوام کو ریلیف فراہم کرنے کے لیے اقدامات کیے جائیں گے وزیراعظم نے کہا کہ پاکستان کی معیشت بہتری کی جانب گامزن ہے اور آئندہ سال مزید بہتر نتائج سامنے آئیں گے صوبائی حکومت نے بھی عوامی مسائل کے حل کے لیے کمیٹی تشکیل دے دی ہے جو جلد اپنی رپورٹ پیش کرے گی اسلام آباد حکومت نے ملک میں جاری ترقیاتی منصوبوں کا جائزہ لیتے ہوئے اعلان کیا کہ عوام کو ریلیف فراہم کرنے کے لیے اقدامات کیے جائیں گے وزیراعظم نے کہا کہ پاکستان کی معیشت بہتری کی جانب گامزن ہے اور آئندہ سال مزید بہتر نتائج سامنے آئیں گے صوبائی حکومت نے بھی عوامی مسائل کے حل کے لیے کمیٹی تشکیل دے دی ہے جو جلد اپنی رپورٹ پیش کرے گی
13	ڈیفینیشن
اسلام آباد حکومت نے ملک میں جاری ترقیاتی منصوبوں کا جائزہ لیتے ہوئے اعلان کیا کہ عوام کو ریلیف فراہم کرنے کے لیے اقدامات کیے جائیں گے وزیراعظم نے کہا کہ پاکستان کی معیشت بہتری کی جانب گامزن ہے اور آئندہ سال مزید بہتر نتائج سامنے آئیں گے صوبائی حکومت نے بھی عوامی مسائل کے حل کے لیے کمیٹی تشکیل دے دی ہے جو جلد اپنی رپورٹ پیش کرے گی اسلام آباد حکومت نے ملک میں جاری ترقیاتی منصوبوں کا جائزہ لیتے ہوئے اعلان کیا کہ عوام کو ریلیف فراہم کرنے کے لیے اقدامات کیے جائیں گے وزیراعظم نے کہا کہ پاکستان کی معیشت بہتری کی جانب گامزن ہے اور آئندہ سال مزید بہتر نتائج سامنے آئیں گے صوبائی حکومت نے بھی عوامی مسائل کے حل کے لیے کمیٹی تشکیل دے دی ہے جو جلد اپنی رپورٹ پیش کرے گی اسلام آباد حکومت نے ملک میں جاری ترقیاتی منصوبوں کا جائزہ لیتے ہوئے اعلان کیا کہ عوام کو ریلیف فراہم کرنے کے لیے اقدامات کیے جائیں گے وزیراعظم نے کہا کہ پاکستان کی معیشت بہتری کی جانب گامزن ہے اور آئندہ سال مزید بہتر نتائج سامنے آئیں گے صوبائی حکومت نے بھی عوامی مسائل کے حل کے لیے کمیٹی تشکیل دے دی ہے جو جلد اپنی رپورٹ پیش کرے گی اسلام آباد حکومت نے ملک میں جاری ترقیاتی منصوبوں کا جائزہ لیتے ہوئے اعلان کیا کہ عوام کو ریلیف فراہم کرنے کے لیے اقدامات کیے جائیں گے وزیراعظم نے کہا کہ پاکستان کی معیشت بہتری کی جانب گامزن ہے اور آئندہ سال مزید بہتر نتائج سامنے آئیں گے صوبائی حکومت نے بھی عوامی مسائل کے حل کے لیے کمیٹی تشکیل دے دی ہے جو جلد اپنی رپورٹ پیش کرے گی اسلام آباد حکومت نے ملک میں جاری ترقیاتی منصوبوں کا جائزہ لیتے ہوئے اعلان کیا کہ عوام کو ریلیف فراہم کرنے کے لیے اقدامات کیے جائیں گے وزیراعظم نے کہا کہ پاکستان کی معیشت بہتری کی جانب گامزن ہے اور آئندہ سال مزید بہتر نتائج سامنے آئیں گے صوبائی حکومت نے بھی عوامی مسائل کے حل کے لیے کمیٹی تشکیل دے دی ہے جو جلد اپنی رپورٹ پیش کرے گی اسلام آباد حکومت نے ملک میں جاری ترقیاتی منصوبوں کا جائزہ لیتے ہوئے اعلان کیا کہ عوام کو ریلیف فراہم کرنے کے لیے اقدامات کیے جائیں گے وزیراعظم نے کہا کہ پاکستان کی معیشت بہتری کی جانب گامزن ہے اور آئندہ سال مزید بہتر نتائج سامنے آئیں گے صوبائی حکومت نے بھی عوامی مسائل کے حل کے لیے کمیٹی تشکیل دے دی ہے جو جلد اپنی رپورٹ پیش کرے گی
14	ڈیفینیشن
اسلام آباد حکومت نے ملک میں جاری ترقیاتی منصوبوں کا جائزہ لیتے ہوئے اعلان کیا کہ عوام کو ریلیف فراہم کرنے کے لیے اقدامات کیے جائیں گے وزیراعظم نے کہا کہ پاکستان کی معیشت بہتری کی جانب گامزن ہے اور آئندہ سال مزید بہتر نتائج سامنے آئیں گے صوبائی حکومت نے بھی عوامی مسائل کے حل کے لیے کمیٹی تشکیل دے دی ہے جو جلد اپنی رپورٹ پیش کرے گی اسلام آباد حکومت نے ملک میں جاری ترقیاتی منصوبوں کا جائزہ لیتے ہوئے اعلان کیا کہ عوام کو ریلیف فراہم کرنے کے لیے اقدامات کیے جائیں گے وزیراعظم نے کہا کہ پاکستان کی معیشت بہتری کی جانب گامزن ہے اور آئندہ سال مزید بہتر نتائج سامنے آئیں گے صوبائی حکومت نے بھی عوامی مسائل کے حل کے لیے کمیٹی تشکیل دے دی ہے جو جلد اپنی رپورٹ پیش کرے گی اسلام آباد حکومت نے ملک میں جاری ترقیاتی منصوبوں کا جائزہ لیتے ہوئے اعلان کیا کہ عوام کو ریلیف فراہم کرنے کے لیے اقدامات کیے جائیں گے وزیراعظم نے کہا کہ پاکستان کی معیشت بہتری کی جانب گامزن ہے اور آئندہ سال مزید بہتر نتائج سامنے آئیں گے صوبائی حکومت نے بھی عوامی مسائل کے حل کے لیے کمیٹی تشکیل دے دی ہے جو جلد اپنی رپورٹ پیش کرے گی اسلام آباد حکومت نے ملک میں جاری ترقیاتی منصوبوں کا جائزہ لیتے ہوئے اعلان کیا کہ عوام کو ریلیف فراہم کرنے کے لیے اقدامات کیے جائیں گے وزیراعظم نے کہا کہ پاکستان کی معیشت بہتری کی جانب گامزن ہے اور آئندہ سال مزید بہتر نتائج سامنے آئیں گے صوبائی حکومت نے بھی عوامی مسائل کے حل کے لیے کمیٹی تشکیل دے دی ہے جو جلد اپنی رپورٹ پیش کرے گی اسلام آباد حکومت نے ملک میں جاری ترقیاتی منصوبوں کا جائزہ لیتے ہوئے اعلان کیا کہ عوام کو ریلیف فراہم کرنے کے لیے اقدامات کیے جائیں گے وزیراعظم نے کہا کہ پاکستان کی معیشت بہتری کی جانب گامزن ہے اور آئندہ سال مزید بہتر نتائج سامنے آئیں گے صوبائی حکومت نے بھی عوامی مسائل کے حل کے لیے کمیٹی تشکیل دے دی ہے جو جلد اپنی رپورٹ پیش کرے گی اسلام آباد حکومت نے ملک میں جاری ترقیاتی منصوبوں کا جائزہ لیتے ہوئے اعلان کیا کہ عوام کو ریلیف فراہم کرنے کے لیے اقدامات کیے جائیں گے وزیراعظم نے کہا کہ پاکستان کی معیشت بہتری کی جانب گامزن ہے اور آئندہ سال مزید بہتر نتائج سامنے آئیں گے صوبائی حکومت نے بھی عوامی مسائل کے حل کے لیے کمیٹی تشکیل دے دی ہے جو جلد اپنی رپورٹ پیش کرے گی
16	ڈیفینیشن
اسلام آباد حکومت نے ملک میں جاری ترقیاتی منصوبوں کا جائزہ لیتے ہوئے اعلان کیا کہ عوام کو ریلیف فراہم کرنے کے لیے اقدامات کیے جائیں گے وزیراعظم نے کہا کہ پاکستان کی معیشت بہتری کی جانب گامزن ہے اور آئندہ سال مزید بہتر نتائج سامنے آئیں گے صوبائی حکومت نے بھی عوامی مسائل کے حل کے لیے کمیٹی تشکیل دے دی ہے جو جلد اپنی رپورٹ پیش کرے گی اسلام آباد حکومت نے ملک میں جاری ترقیاتی منصوبوں کا جائزہ لیتے ہوئے اعلان کیا کہ عوام کو ریلیف فراہم کرنے کے لیے اقدامات کیے جائیں گے وزیراعظم نے کہا کہ پاکستان کی معیشت بہتری کی جانب گامزن ہے اور آئندہ سال مزید بہتر نتائج سامنے آئیں گے صوبائی حکومت نے بھی عوامی مسائل کے حل کے لیے کمیٹی تشکیل دے دی ہے جو جلد اپنی رپورٹ پیش کرے گی اسلام آباد حکومت نے ملک میں جاری ترقیاتی منصوبوں کا جائزہ لیتے ہوئے اعلان کیا کہ عوام کو ریلیف فراہم کرنے کے لیے اقدامات کیے جائیں گے وزیراعظم نے کہا کہ پاکستان کی معیشت بہتری کی جانب گامزن ہے اور آئندہ سال مزید بہتر نتائج سامنے آئیں گے صوبائی حکومت نے بھی عوامی مسائل کے حل کے لیے کمیٹی تشکیل دے دی ہے جو جلد اپنی رپورٹ پیش کرے گی اسلام آباد حکومت نے ملک میں جاری ترقیاتی منصوبوں کا جائزہ لیتے ہوئے اعلان کیا کہ عوام کو ریلیف فراہم کرنے کے لیے اقدامات کیے جائیں گے وزیراعظم نے کہا کہ پاکستان کی معیشت بہتری کی جانب گامزن ہے اور آئندہ سال مزید بہتر نتائج سامنے آئیں گے صوبائی حکومت نے بھی عوامی مسائل کے حل کے لیے کمیٹی تشکیل دے دی ہے جو جلد اپنی رپورٹ پیش کرے گی اسلام آباد حکومت نے ملک میں جاری ترقیاتی منصوبوں کا جائزہ لیتے ہوئے اعلان کیا کہ عوام کو ریلیف فراہم کرنے کے لیے اقدامات کیے جائیں گے وزیراعظم نے کہا کہ پاکستان کی معیشت بہتری کی جانب گامزن ہے اور آئندہ سال مزید بہتر نتائج سامنے آئیں گے صوبائی حکومت نے بھی عوامی مسائل کے حل کے لیے کمیٹی تشکیل دے دی ہے جو جلد اپنی رپورٹ پیش کرے گی اسلام آباد حکومت نے ملک میں جاری ترقیاتی منصوبوں کا جائزہ لیتے ہوئے اعلان کیا کہ عوام کو ریلیف فراہم کرنے کے لیے اقدامات کیے جائیں گے وزیراعظم نے کہا کہ پاکستان کی معیشت بہتری کی جانب گامزن ہے اور آئندہ سال مزید بہتر نتائج سامنے آئیں گے صوبائی حکومت نے بھی عوامی مسائل کے حل کے لیے کمیٹی تشکیل دے دی ہے جو جلد اپنی رپورٹ پیش کرے گی
17	ڈیفینیشن
اسلام آباد حکومت نے ملک میں جاری ترقیاتی منصوبوں کا جائزہ لیتے ہوئے اعلان کیا کہ عوام کو ریلیف فراہم کرنے کے لیے اقدامات کیے جائیں گے وزیراعظم نے کہا کہ پاکستان کی معیشت بہتری کی جانب گامزن ہے اور آئندہ سال مزید بہتر نتائج سامنے آئیں گے صوبائی حکومت نے بھی عوامی مسائل کے حل کے لیے کمیٹی تشکیل دے دی ہے جو جلد اپنی رپورٹ پیش کرے گی اسلام آباد حکومت نے ملک میں جاری ترقیاتی منصوبوں کا جائزہ لیتے ہوئے اعلان کیا کہ عوام کو ریلیف فراہم کرنے کے لیے اقدامات کیے جائیں گے وزیراعظم نے کہا کہ پاکستان کی معیشت بہتری کی جانب گامزن ہے اور آئندہ سال مزید بہتر نتائج سامنے آئیں گے صوبائی حکومت نے بھی عوامی مسائل کے حل کے لیے کمیٹی تشکیل دے دی ہے جو جلد اپنی رپورٹ پیش کرے گی اسلام آباد حکومت نے ملک میں جاری ترقیاتی منصوبوں کا جائزہ لیتے ہوئے اعلان کیا کہ عوام کو ریلیف فراہم کرنے کے لیے اقدامات کیے جائیں گے وزیراعظم نے کہا کہ پاکستان کی معیشت بہتری کی جانب گامزن ہے اور آئندہ سال مزید بہتر نتائج سامنے آئیں گے صوبائی حکومت نے بھی عوامی مسائل کے حل کے لیے کمیٹی تشکیل دے دی ہے جو جلد اپنی رپورٹ پیش کرے گی اسلام آباد حکومت نے ملک میں جاری ترقیاتی منصوبوں کا جائزہ لیتے ہوئے اعلان کیا کہ عوام کو ریلیف فراہم کرنے کے لیے اقدامات کیے جائیں گے وزیراعظم نے کہا کہ پاکستان کی معیشت بہتری کی جانب گامزن ہے اور آئندہ سال مزید بہتر نتائج سامنے آئیں گے صوبائی حکومت نے بھی عوامی مسائل کے حل کے لیے کمیٹی تشکیل دے دی ہے جو جلد اپنی رپورٹ پیش کرے گی اسلام آباد حکومت نے ملک میں جاری ترقیاتی منصوبوں کا جائزہ لیتے ہوئے اعلان کیا کہ عوام کو ریلیف فراہم کرنے کے لیے اقدامات کیے جائیں گے وزیراعظم نے کہا کہ پاکستان کی معیشت بہتری کی جانب گامزن ہے اور آئندہ سال مزید بہتر نتائج سامنے آئیں گے صوبائی حکومت نے بھی عوامی مسائل کے حل کے لیے کمیٹی تشکیل دے دی ہے جو جلد اپنی رپورٹ پیش کرے گی اسلام آباد حکومت نے ملک میں جاری ترقیاتی منصوبوں کا جائزہ لیتے ہوئے اعلان کیا کہ عوام کو ریلیف فراہم کرنے کے لیے اقدامات کیے جائیں گے وزیراعظم نے کہا کہ پاکستان کی معیشت بہتری کی جانب گامزن ہے اور آئندہ سال مزید بہتر نتائج سامنے آئیں گے صوبائی حکومت نے بھی عوامی مسائل کے حل کے لیے کمیٹی تشکیل دے دی ہے جو جلد اپنی رپورٹ پیش کرے گی
18	ڈیفینیشن
اسلام آباد حکومت نے ملک میں جاری ترقیاتی منصوبوں کا جائزہ لیتے ہوئے اعلان کیا کہ عوام کو ریلیف فراہم کرنے کے لیے اقدامات کیے جائیں گے وزیراعظم نے کہا کہ پاکستان کی معیشت بہتری کی جانب گامزن ہے اور آئندہ سال مزید بہتر نتائج سامنے آئیں گے صوبائی حکومت نے بھی عوامی مسائل کے حل کے لیے کمیٹی تشکیل دے دی ہے جو جلد اپنی رپورٹ پیش کرے گی اسلام آباد حکومت نے ملک میں جاری ترقیاتی منصوبوں کا جائزہ لیتے ہوئے اعلان کیا کہ عوام کو ریلیف فراہم کرنے کے لیے اقدامات کیے جائیں گے وزیراعظم نے کہا کہ پاکستان کی معیشت بہتری کی جانب گامزن ہے اور آئندہ سال مزید بہتر نتائج سامنے آئیں گے صوبائی حکومت نے بھی عوامی مسائل کے حل کے لیے کمیٹی تشکیل دے دی ہے جو جلد اپنی رپورٹ پیش کرے گی اسلام آباد حکومت نے ملک میں جاری ترقیاتی منصوبوں کا جائزہ لیتے ہوئے اعلان کیا کہ عوام کو ریلیف فراہم کرنے کے لیے اقدامات کیے جائیں گے وزیراعظم نے کہا کہ پاکستان کی معیشت بہتری کی جانب گامزن ہے اور آئندہ سال مزید بہتر نتائج سامنے آئیں گے صوبائی حکومت نے بھی عوامی مسائل کے حل کے لیے کمیٹی تشکیل دے دی ہے جو جلد اپنی رپورٹ پیش کرے گی اسلام آباد حکومت نے ملک میں جاری ترقیاتی منصوبوں کا جائزہ لیتے ہوئے اعلان کیا کہ عوام کو ریلیف فراہم کرنے کے لیے اقدامات کیے جائیں گے وزیراعظم نے کہا کہ پاکستان کی معیشت بہتری کی جانب گامزن ہے اور آئندہ سال مزید بہتر نتائج سامنے آئیں گے صوبائی حکومت نے بھی عوامی مسائل کے حل کے لیے کمیٹی تشکیل دے دی ہے جو جلد اپنی رپورٹ پیش کرے گی اسلام آباد حکومت نے ملک میں جاری ترقیاتی منصوبوں کا جائزہ لیتے ہوئے اعلان کیا کہ عوام کو ریلیف فراہم کرنے کے لیے اقدامات کیے جائیں گے وزیراعظم نے کہا کہ پاکستان کی معیشت بہتری کی جانب گامزن ہے اور آئندہ سال مزید بہتر نتائج سامنے آئیں گے صوبائی حکومت نے بھی عوامی مسائل کے حل کے لیے کمیٹی تشکیل دے دی ہے جو جلد اپنی رپورٹ پیش کرے گی اسلام آباد حکومت نے ملک میں جاری ترقیاتی منصوبوں کا جائزہ لیتے ہوئے اعلان کیا کہ عوام کو ریلیف فراہم کرنے کے لیے اقدامات کیے جائیں گے وزیراعظم نے کہا کہ پاکستان کی معیشت بہتری کی جانب گامزن ہے اور آئندہ سال مزید بہتر نتائج سامنے آئیں گے صوبائی حکومت نے بھی عوامی مسائل کے حل کے لیے کمیٹی تشکیل دے دی ہے جو جلد اپنی رپورٹ پیش کرے گی
19	ڈیفینیشن
اسلام آباد حکومت نے ملک میں جاری ترقیاتی منصوبوں کا جائزہ لیتے ہوئے اعلان کیا کہ عوام کو ریلیف فراہم کرنے کے لیے اقدامات کیے جائیں گے وزیراعظم نے کہا کہ پاکستان کی معیشت بہتری کی جانب گامزن ہے اور آئندہ سال مزید بہتر نتائج سامنے آئیں گے صوبائی حکومت نے بھی عوامی مسائل کے حل کے لیے کمیٹی تشکیل دے دی ہے جو جلد اپنی رپورٹ پیش کرے گی اسلام آباد حکومت نے ملک میں جاری ترقیاتی منصوبوں کا جائزہ لیتے ہوئے اعلان کیا کہ عوام کو ریلیف فراہم کرنے کے لیے اقدامات کیے جائیں گے وزیراعظم نے کہا کہ پاکستان کی معیشت بہتری کی جانب گامزن ہے اور آئندہ سال مزید بہتر نتائج سامنے آئیں گے صوبائی حکومت نے بھی عوامی مسائل کے حل کے لیے کمیٹی تشکیل دے دی ہے جو جلد اپنی رپورٹ پیش کرے گی اسلام آباد حکومت نے ملک میں جاری ترقیاتی منصوبوں کا جائزہ لیتے ہوئے اعلان کیا کہ عوام کو ریلیف فراہم کرنے کے لیے اقدامات کیے جائیں گے وزیراعظم نے کہا کہ پاکستان کی معیشت بہتری کی جانب گامزن ہے اور آئندہ سال مزید بہتر نتائج سامنے آئیں گے صوبائی حکومت نے بھی عوامی مسائل کے حل کے لیے کمیٹی تشکیل دے دی ہے جو جلد اپنی رپورٹ پیش کرے گی اسلام آباد حکومت نے ملک میں جاری ترقیاتی منصوبوں کا جائزہ لیتے ہوئے اعلان کیا کہ عوام کو ریلیف فراہم کرنے کے لیے اقدامات کیے جائیں گے وزیراعظم نے کہا کہ پاکستان کی معیشت بہتری کی جانب گامزن ہے اور آئندہ سال مزید بہتر نتائج سامنے آئیں گے صوبائی حکومت نے بھی عوامی مسائل کے حل کے لیے کمیٹی تشکیل دے دی ہے جو جلد اپنی رپورٹ پیش کرے گی اسلام آباد حکومت نے ملک میں جاری ترقیاتی منصوبوں کا جائزہ لیتے ہوئے اعلان کیا کہ عوام کو ریلیف فراہم کرنے کے لیے اقدامات کیے جائیں گے وزیراعظم نے کہا کہ پاکستان کی معیشت بہتری کی جانب گامزن ہے اور آئندہ سال مزید بہتر نتائج سامنے آئیں گے صوبائی حکومت نے بھی عوامی مسائل کے حل کے لیے کمیٹی تشکیل دے دی ہے جو جلد اپنی رپورٹ پیش کرے گی اسلام آباد حکومت نے ملک میں جاری ترقیاتی منصوبوں کا جائزہ لیتے ہوئے اعلان کیا کہ عوام کو ریلیف فراہم کرنے کے لیے اقدامات کیے جائیں گے وزیراعظم نے کہا کہ پاکستان کی معیشت بہتری کی جانب گامزن ہے اور آئندہ سال مزید بہتر نتائج سامنے آئیں گے صوبائی حکومت نے بھی عوامی مسائل کے حل کے لیے کمیٹی تشکیل دے دی ہے جو جلد اپنی رپورٹ پیش کرے گی
20	ڈیفینیشن
اسلام آباد حکومت نے ملک میں جاری ترقیاتی منصوبوں کا جائزہ لیتے ہوئے اعلان کیا کہ عوام کو ریلیف فراہم کرنے کے لیے اقدامات کیے جائیں گے وزیراعظم نے کہا کہ پاکستان کی معیشت بہتری کی جانب گامزن ہے اور آئندہ سال مزید بہتر نتائج سامنے آئیں گے صوبائی حکومت نے بھی عوامی مسائل کے حل کے لیے کمیٹی تشکیل دے دی ہے جو جلد اپنی رپورٹ پیش کرے گی اسلام آباد حکومت نے ملک میں جاری ترقیاتی منصوبوں کا جائزہ لیتے ہوئے اعلان کیا کہ عوام کو ریلیف فراہم کرنے کے لیے اقدامات کیے جائیں گے وزیراعظم نے کہا کہ پاکستان کی معیشت بہتری کی جانب گامزن ہے اور آئندہ سال مزید بہتر نتائج سامنے آئیں گے صوبائی حکومت نے بھی عوامی مسائل کے حل کے لیے کمیٹی تشکیل دے دی ہے جو جلد اپنی رپورٹ پیش کرے گی اسلام آباد حکومت نے ملک میں جاری ترقیاتی منصوبوں کا جائزہ لیتے ہوئے اعلان کیا کہ عوام کو ریلیف فراہم کرنے کے لیے اقدامات کیے جائیں گے وزیراعظم نے کہا کہ پاکستان کی معیشت بہتری کی جانب گامزن ہے اور آئندہ سال مزید بہتر نتائج سامنے آئیں گے صوبائی حکومت نے بھی عوامی مسائل کے حل کے لیے کمیٹی تشکیل دے دی ہے جو جلد اپنی رپورٹ پیش کرے گی اسلام آباد حکومت نے ملک میں جاری ترقیاتی منصوبوں کا جائزہ لیتے ہوئے اعلان کیا کہ عوام کو ریلیف فراہم کرنے کے لیے اقدامات کیے جائیں گے وزیراعظم نے کہا کہ پاکستان کی معیشت بہتری کی جانب گامزن ہے اور آئندہ سال مزید بہتر نتائج سامنے آئیں گے صوبائی حکومت نے بھی عوامی مسائل کے حل کے لیے کمیٹی تشکیل دے دی ہے جو جلد اپنی رپورٹ پیش کرے گی اسلام آباد حکومت نے ملک میں جاری ترقیاتی منصوبوں کا جائزہ لیتے ہوئے اعلان کیا کہ عوام کو ریلیف فراہم کرنے کے لیے اقدامات کیے جائیں گے وزیراعظم نے کہا کہ پاکستان کی معیشت بہتری کی جانب گامزن ہے اور آئندہ سال مزید بہتر نتائج سامنے آئیں گے صوبائی حکومت نے بھی عوامی مسائل کے حل کے لیے کمیٹی تشکیل دے دی ہے جو جلد اپنی رپورٹ پیش کرے گی اسلام آباد حکومت نے ملک میں جاری ترقیاتی منصوبوں کا جائزہ لیتے ہوئے اعلان کیا کہ عوام کو ریلیف فراہم کرنے کے لیے اقدامات کیے جائیں گے وزیراعظم نے کہا کہ پاکستان کی معیشت بہتری کی جانب گامزن ہے اور آئندہ سال مزید بہتر نتائج سامنے آئیں گے صوبائی حکومت نے بھی عوامی مسائل کے حل کے لیے کمیٹی تشکیل دے دی ہے جو جلد اپنی رپورٹ پیش کرے گی
21	ڈیفینیشن
اسلام آباد حکومت نے ملک میں جاری ترقیاتی منصوبوں کا جائزہ لیتے ہوئے اعلان کیا کہ عوام کو ریلیف فراہم کرنے کے لیے اقدامات کیے جائیں گے وزیراعظم نے کہا کہ پاکستان کی معیشت بہتری کی جانب گامزن ہے اور آئندہ سال مزید بہتر نتائج سامنے آئیں گے صوبائی حکومت نے بھی عوامی مسائل کے حل کے لیے کمیٹی تشکیل دے دی ہے جو جلد اپنی رپورٹ پیش کرے گی اسلام آباد حکومت نے ملک میں جاری ترقیاتی منصوبوں کا جائزہ لیتے ہوئے اعلان کیا کہ عوام کو ریلیف فراہم کرنے کے لیے اقدامات کیے جائیں گے وزیراعظم نے کہا کہ پاکستان کی معیشت بہتری کی جانب گامزن ہے اور آئندہ سال مزید بہتر نتائج سامنے آئیں گے صوبائی حکومت نے بھی عوامی مسائل کے حل کے لیے کمیٹی تشکیل دے دی ہے جو جلد اپنی رپورٹ پیش کرے گی اسلام آباد حکومت نے ملک میں جاری ترقیاتی منصوبوں کا جائزہ لیتے ہوئے اعلان کیا کہ عوام کو ریلیف فراہم کرنے کے لیے اقدامات کیے جائیں گے وزیراعظم نے کہا کہ پاکستان کی معیشت بہتری کی جانب گامزن ہے اور آئندہ سال مزید بہتر نتائج سامنے آئیں گے صوبائی حکومت نے بھی عوامی مسائل کے حل کے لیے کمیٹی تشکیل دے دی ہے جو جلد اپنی رپورٹ پیش کرے گی اسلام آباد حکومت نے ملک میں جاری ترقیاتی منصوبوں کا جائزہ لیتے ہوئے اعلان کیا کہ عوام کو ریلیف فراہم کرنے کے لیے اقدامات کیے جائیں گے وزیراعظم نے کہا کہ پاکستان کی معیشت بہتری کی جانب گامزن ہے اور آئندہ سال مزید بہتر نتائج سامنے آئیں گے صوبائی حکومت نے بھی عوامی مسائل کے حل کے لیے کمیٹی تشکیل دے دی ہے جو جلد اپنی رپورٹ پیش کرے گی اسلام آباد حکومت نے ملک میں جاری ترقیاتی منصوبوں کا جائزہ لیتے ہوئے اعلان کیا کہ عوام کو ریلیف فراہم کرنے کے لیے اقدامات کیے جائیں گے وزیراعظم نے کہا کہ پاکستان کی معیشت بہتری کی جانب گامزن ہے اور آئندہ سال مزید بہتر نتائج سامنے آئیں گے صوبائی حکومت نے بھی عوامی مسائل کے حل کے لیے کمیٹی تشکیل دے دی ہے جو جلد اپنی رپورٹ پیش کرے گی اسلام آباد حکومت نے ملک میں جاری ترقیاتی منصوبوں کا جائزہ لیتے ہوئے اعلان کیا کہ عوام کو ریلیف فراہم کرنے کے لیے اقدامات کیے جائیں گے وزیراعظم نے کہا کہ پاکستان کی معیشت بہتری کی جانب گامزن ہے اور آئندہ سال مزید بہتر نتائج سامنے آئیں گے صوبائی حکومت نے بھی عوامی مسائل کے حل کے لیے کمیٹی تشکیل دے دی ہے جو جلد اپنی رپورٹ پیش کرے گی
22	ڈیفینیشن
اسلام آباد حکومت نے ملک میں جاری ترقیاتی منصوبوں کا جائزہ لیتے ہوئے اعلان کیا کہ عوام کو ریلیف فراہم کرنے کے لیے اقدامات کیے جائیں گے وزیراعظم نے کہا کہ پاکستان کی معیشت بہتری کی جانب گامزن ہے اور آئندہ سال مزید بہتر نتائج سامنے آئیں گے صوبائی حکومت نے بھی عوامی مسائل کے حل کے لیے کمیٹی تشکیل دے دی ہے جو جلد اپنی رپورٹ پیش کرے گی اسلام آباد حکومت نے ملک میں جاری ترقیاتی منصوبوں کا جائزہ لیتے ہوئے اعلان کیا کہ عوام کو ریلیف فراہم کرنے کے لیے اقدامات کیے جائیں گے وزیراعظم نے کہا کہ پاکستان کی معیشت بہتری کی جانب گامزن ہے اور آئندہ سال مزید بہتر نتائج سامنے آئیں گے صوبائی حکومت نے بھی عوامی مسائل کے حل کے لیے کمیٹی تشکیل دے دی ہے جو جلد اپنی رپورٹ پیش کرے گی اسلام آباد حکومت نے ملک میں جاری ترقیاتی منصوبوں کا جائزہ لیتے ہوئے اعلان کیا کہ عوام کو ریلیف فراہم کرنے کے لیے اقدامات کیے جائیں گے وزیراعظم نے کہا کہ پاکستان کی معیشت بہتری کی جانب گامزن ہے اور آئندہ سال مزید بہتر نتائج سامنے آئیں گے صوبائی حکومت نے بھی عوامی مسائل کے حل کے لیے کمیٹی تشکیل دے دی ہے جو جلد اپنی رپورٹ پیش کرے گی اسلام آباد حکومت نے ملک میں جاری ترقیاتی منصوبوں کا جائزہ لیتے ہوئے اعلان کیا کہ عوام کو ریلیف فراہم کرنے کے لیے اقدامات کیے جائیں گے وزیراعظم نے کہا کہ پاکستان کی معیشت بہتری کی جانب گامزن ہے اور آئندہ سال مزید بہتر نتائج سامنے آئیں گے صوبائی حکومت نے بھی عوامی مسائل کے حل کے لیے کمیٹی تشکیل دے دی ہے جو جلد اپنی رپورٹ پیش کرے گی اسلام آباد حکومت نے ملک میں جاری ترقیاتی منصوبوں کا جائزہ لیتے ہوئے اعلان کیا کہ عوام کو ریلیف فراہم کرنے کے لیے اقدامات کیے جائیں گے وزیراعظم نے کہا کہ پاکستان کی معیشت بہتری کی جانب گامزن ہے اور آئندہ سال مزید بہتر نتائج سامنے آئیں گے صوبائی حکومت نے بھی عوامی مسائل کے حل کے لیے کمیٹی تشکیل دے دی ہے جو جلد اپنی رپورٹ پیش کرے گی اسلام آباد حکومت نے ملک میں جاری ترقیاتی منصوبوں کا جائزہ لیتے ہوئے اعلان کیا کہ عوام کو ریلیف فراہم کرنے کے لیے اقدامات کیے جائیں گے وزیراعظم نے کہا کہ پاکستان کی معیشت بہتری کی جانب گامزن ہے اور آئندہ سال مزید بہتر نتائج سامنے آئیں گے صوبائی حکومت نے بھی عوامی مسائل کے حل کے لیے کمیٹی تشکیل دے دی ہے جو جلد اپنی رپورٹ پیش کرے گی
23	ڈیفینیشن
اسلام آباد حکومت نے ملک میں جاری ترقیاتی منصوبوں کا جائزہ لیتے ہوئے اعلان کیا کہ عوام کو ریلیف فراہم کرنے کے لیے اقدامات کیے جائیں گے وزیراعظم نے کہا کہ پاکستان کی معیشت بہتری کی جانب گامزن ہے اور آئندہ سال مزید بہتر نتائج سامنے آئیں گے صوبائی حکومت نے بھی عوامی مسائل کے حل کے لیے کمیٹی تشکیل دے دی ہے جو جلد اپنی رپورٹ پیش کرے گی اسلام آباد حکومت نے ملک میں جاری ترقیاتی منصوبوں کا جائزہ لیتے ہوئے اعلان کیا کہ عوام کو ریلیف فراہم کرنے کے لیے اقدامات کیے جائیں گے وزیراعظم نے کہا کہ پاکستان کی معیشت بہتری کی جانب گامزن ہے اور آئندہ سال مزید بہتر نتائج سامنے آئیں گے صوبائی حکومت نے بھی عوامی مسائل کے حل کے لیے کمیٹی تشکیل دے دی ہے جو جلد اپنی رپورٹ پیش کرے گی اسلام آباد حکومت نے ملک میں جاری ترقیاتی منصوبوں کا جائزہ لیتے ہوئے اعلان کیا کہ عوام کو ریلیف فراہم کرنے کے لیے اقدامات کیے جائیں گے وزیراعظم نے کہا کہ پاکستان کی معیشت بہتری کی جانب گامزن ہے اور آئندہ سال مزید بہتر نتائج سامنے آئیں گے صوبائی حکومت نے بھی عوامی مسائل کے حل کے لیے کمیٹی تشکیل دے دی ہے جو جلد اپنی رپورٹ پیش کرے گی اسلام آباد حکومت نے ملک میں جاری ترقیاتی منصوبوں کا جائزہ لیتے ہوئے اعلان کیا کہ عوام کو ریلیف فراہم کرنے کے لیے اقدامات کیے جائیں گے وزیراعظم نے کہا کہ پاکستان کی معیشت بہتری کی جانب گامزن ہے اور آئندہ سال مزید بہتر نتائج سامنے آئیں گے صوبائی حکومت نے بھی عوامی مسائل کے حل کے لیے کمیٹی تشکیل دے دی ہے جو جلد اپنی رپورٹ پیش کرے گی اسلام آباد حکومت نے ملک میں جاری ترقیاتی منصوبوں کا جائزہ لیتے ہوئے اعلان کیا کہ عوام کو ریلیف فراہم کرنے کے لیے اقدامات کیے جائیں گے وزیراعظم نے کہا کہ پاکستان کی معیشت بہتری کی جانب گامزن ہے اور آئندہ سال مزید بہتر نتائج سامنے آئیں گے صوبائی حکومت نے بھی عوامی مسائل کے حل کے لیے کمیٹی تشکیل دے دی ہے جو جلد اپنی رپورٹ پیش کرے گی اسلام آباد حکومت نے ملک میں جاری ترقیاتی منصوبوں کا جائزہ لیتے ہوئے اعلان کیا کہ عوام کو ریلیف فراہم کرنے کے لیے اقدامات کیے جائیں گے وزیراعظم نے کہا کہ پاکستان کی معیشت بہتری کی جانب گامزن ہے اور آئندہ سال مزید بہتر نتائج سامنے آئیں گے صوبائی حکومت نے بھی عوامی مسائل کے حل کے لیے کمیٹی تشکیل دے دی ہے جو جلد اپنی رپورٹ پیش کرے گی
24	ڈیفینیشن
اسلام آباد حکومت نے ملک میں جاری ترقیاتی منصوبوں کا جائزہ لیتے ہوئے اعلان کیا کہ عوام کو ریلیف فراہم کرنے کے لیے اقدامات کیے جائیں گے وزیراعظم نے کہا کہ پاکستان کی معیشت بہتری کی جانب گامزن ہے اور آئندہ سال مزید بہتر نتائج سامنے آئیں گے صوبائی حکومت نے بھی عوامی مسائل کے حل کے لیے کمیٹی تشکیل دے دی ہے جو جلد اپنی رپورٹ پیش کرے گی اسلام آباد حکومت نے ملک میں جاری ترقیاتی منصوبوں کا جائزہ لیتے ہوئے اعلان کیا کہ عوام کو ریلیف فراہم کرنے کے لیے اقدامات کیے جائیں گے وزیراعظم نے کہا کہ پاکستان کی معیشت بہتری کی جانب گامزن ہے اور آئندہ سال مزید بہتر نتائج سامنے آئیں گے صوبائی حکومت نے بھی عوامی مسائل کے حل کے لیے کمیٹی تشکیل دے دی ہے جو جلد اپنی رپورٹ پیش کرے گی اسلام آباد حکومت نے ملک میں جاری ترقیاتی منصوبوں کا جائزہ لیتے ہوئے اعلان کیا کہ عوام کو ریلیف فراہم کرنے کے لیے اقدامات کیے جائیں گے وزیراعظم نے کہا کہ پاکستان کی معیشت بہتری کی جانب گامزن ہے اور آئندہ سال مزید بہتر نتائج سامنے آئیں گے صوبائی حکومت نے بھی عوامی مسائل کے حل کے لیے کمیٹی تشکیل دے دی ہے جو جلد اپنی رپورٹ پیش کرے گی اسلام آباد حکومت نے ملک میں جاری ترقیاتی منصوبوں کا جائزہ لیتے ہوئے اعلان کیا کہ عوام کو ریلیف فراہم کرنے کے لیے اقدامات کیے جائیں گے وزیراعظم نے کہا کہ پاکستان کی معیشت بہتری کی جانب گامزن ہے اور آئندہ سال مزید بہتر نتائج سامنے آئیں گے صوبائی حکومت نے بھی عوامی مسائل کے حل کے لیے کمیٹی تشکیل دے دی ہے جو جلد اپنی رپورٹ پیش کرے گی اسلام آباد حکومت نے ملک میں جاری ترقیاتی منصوبوں کا جائزہ لیتے ہوئے اعلان کیا کہ عوام کو ریلیف فراہم کرنے کے لیے اقدامات کیے جائیں گے وزیراعظم نے کہا کہ پاکستان کی معیشت بہتری کی جانب گامزن ہے اور آئندہ سال مزید بہتر نتائج سامنے آئیں گے صوبائی حکومت نے بھی عوامی مسائل کے حل کے لیے کمیٹی تشکیل دے دی ہے جو جلد اپنی رپورٹ پیش کرے گی اسلام آباد حکومت نے ملک میں جاری ترقیاتی منصوبوں کا جائزہ لیتے ہوئے اعلان کیا کہ عوام کو ریلیف فراہم کرنے کے لیے اقدامات کیے جائیں گے وزیراعظم نے کہا کہ پاکستان کی معیشت بہتری کی جانب گامزن ہے اور آئندہ سال مزید بہتر نتائج سامنے آئیں گے صوبائی حکومت نے بھی عوامی مسائل کے حل کے لیے کمیٹی تشکیل دے دی ہے جو جلد اپنی رپورٹ پیش کرے گی
25	ڈیفینیشن
اسلام آباد حکومت نے ملک میں جاری ترقیاتی منصوبوں کا جائزہ لیتے ہوئے اعلان کیا کہ عوام کو ریلیف فراہم کرنے کے لیے اقدامات کیے جائیں گے وزیراعظم نے کہا کہ پاکستان کی معیشت بہتری کی جانب گامزن ہے اور آئندہ سال مزید بہتر نتائج سامنے آئیں گے صوبائی حکومت نے بھی عوامی مسائل کے حل کے لیے کمیٹی تشکیل دے دی ہے جو جلد اپنی رپورٹ پیش کرے گی اسلام آباد حکومت نے ملک میں جاری ترقیاتی منصوبوں کا جائزہ لیتے ہوئے اعلان کیا کہ عوام کو ریلیف فراہم کرنے کے لیے اقدامات کیے جائیں گے وزیراعظم نے کہا کہ پاکستان کی معیشت بہتری کی جانب گامزن ہے اور آئندہ سال مزید بہتر نتائج سامنے آئیں گے صوبائی حکومت نے بھی عوامی مسائل کے حل کے لیے کمیٹی تشکیل دے دی ہے جو جلد اپنی رپورٹ پیش کرے گی اسلام آباد حکومت نے ملک میں جاری ترقیاتی منصوبوں کا جائزہ لیتے ہوئے اعلان کیا کہ عوام کو ریلیف فراہم کرنے کے لیے اقدامات کیے جائیں گے وزیراعظم نے کہا کہ پاکستان کی معیشت بہتری کی جانب گامزن ہے اور آئندہ سال مزید بہتر نتائج سامنے آئیں گے صوبائی حکومت نے بھی عوامی مسائل کے حل کے لیے کمیٹی تشکیل دے دی ہے جو جلد اپنی رپورٹ پیش کرے گی اسلام آباد حکومت نے ملک میں جاری ترقیاتی منصوبوں کا جائزہ لیتے ہوئے اعلان کیا کہ عوام کو ریلیف فراہم کرنے کے لیے اقدامات کیے جائیں گے وزیراعظم نے کہا کہ پاکستان کی معیشت بہتری کی جانب گامزن ہے اور آئندہ سال مزید بہتر نتائج سامنے آئیں گے صوبائی حکومت نے بھی عوامی مسائل کے حل کے لیے کمیٹی تشکیل دے دی ہے جو جلد اپنی رپورٹ پیش کرے گی اسلام آباد حکومت نے ملک میں جاری ترقیاتی منصوبوں کا جائزہ لیتے ہوئے اعلان کیا کہ عوام کو ریلیف فراہم کرنے کے لیے اقدامات کیے جائیں گے وزیراعظم نے کہا کہ پاکستان کی معیشت بہتری کی جانب گامزن ہے اور آئندہ سال مزید بہتر نتائج سامنے آئیں گے صوبائی حکومت نے بھی عوامی مسائل کے حل کے لیے کمیٹی تشکیل دے دی ہے جو جلد اپنی رپورٹ پیش کرے گی اسلام آباد حکومت نے ملک میں جاری ترقیاتی منصوبوں کا جائزہ لیتے ہوئے اعلان کیا کہ عوام کو ریلیف فراہم کرنے کے لیے اقدامات کیے جائیں گے وزیراعظم نے کہا کہ پاکستان کی معیشت بہتری کی جانب گامزن ہے اور آئندہ سال مزید بہتر نتائج سامنے آئیں گے صوبائی حکومت نے بھی عوامی مسائل کے حل کے لیے کمیٹی تشکیل دے دی ہے جو جلد اپنی رپورٹ پیش کرے گی
26	ڈیفینیشن
اسلام آباد حکومت نے ملک میں جاری ترقیاتی منصوبوں کا جائزہ لیتے ہوئے اعلان کیا کہ عوام کو ریلیف فراہم کرنے کے لیے اقدامات کیے جائیں گے وزیراعظم نے کہا کہ پاکستان کی معیشت بہتری کی جانب گامزن ہے اور آئندہ سال مزید بہتر نتائج سامنے آئیں گے صوبائی حکومت نے بھی عوامی مسائل کے حل کے لیے کمیٹی تشکیل دے دی ہے جو جلد اپنی رپورٹ پیش کرے گی اسلام آباد حکومت نے ملک میں جاری ترقیاتی منصوبوں کا جائزہ لیتے ہوئے اعلان کیا کہ عوام کو ریلیف فراہم کرنے کے لیے اقدامات کیے جائیں گے وزیراعظم نے کہا کہ پاکستان کی معیشت بہتری کی جانب گامزن ہے اور آئندہ سال مزید بہتر نتائج سامنے آئیں گے صوبائی حکومت نے بھی عوامی مسائل کے حل کے لیے کمیٹی تشکیل دے دی ہے جو جلد اپنی رپورٹ پیش کرے گی اسلام آباد حکومت نے ملک میں جاری ترقیاتی منصوبوں کا جائزہ لیتے ہوئے اعلان کیا کہ عوام کو ریلیف فراہم کرنے کے لیے اقدامات کیے جائیں گے وزیراعظم نے کہا کہ پاکستان کی معیشت بہتری کی جانب گامزن ہے اور آئندہ سال مزید بہتر نتائج سامنے آئیں گے صوبائی حکومت نے بھی عوامی مسائل کے حل کے لیے کمیٹی تشکیل دے دی ہے جو جلد اپنی رپورٹ پیش کرے گی اسلام آباد حکومت نے ملک میں جاری ترقیاتی منصوبوں کا جائزہ لیتے ہوئے اعلان کیا کہ عوام کو ریلیف فراہم کرنے کے لیے اقدامات کیے جائیں گے وزیراعظم نے کہا کہ پاکستان کی معیشت بہتری کی جانب گامزن ہے اور آئندہ سال مزید بہتر نتائج سامنے آئیں گے صوبائی حکومت نے بھی عوامی مسائل کے حل کے لیے کمیٹی تشکیل دے دی ہے جو جلد اپنی رپورٹ پیش کرے گی اسلام آباد حکومت نے ملک میں جاری ترقیاتی منصوبوں کا جائزہ لیتے ہوئے اعلان کیا کہ عوام کو ریلیف فراہم کرنے کے لیے اقدامات کیے جائیں گے وزیراعظم نے کہا کہ پاکستان کی معیشت بہتری کی جانب گامزن ہے اور آئندہ سال مزید بہتر نتائج سامنے آئیں گے صوبائی حکومت نے بھی عوامی مسائل کے حل کے لیے کمیٹی تشکیل دے دی ہے جو جلد اپنی رپورٹ پیش کرے گی اسلام آباد حکومت نے ملک میں جاری ترقیاتی منصوبوں کا جائزہ لیتے ہوئے اعلان کیا کہ عوام کو ریلیف فراہم کرنے کے لیے اقدامات کیے جائیں گے وزیراعظم نے کہا کہ پاکستان کی معیشت بہتری کی جانب گامزن ہے اور آئندہ سال مزید بہتر نتائج سامنے آئیں گے صوبائی حکومت نے بھی عوامی مسائل کے حل کے لیے کمیٹی تشکیل دے دی ہے جو جلد اپنی رپورٹ پیش کرے گی
27	ڈیفینیشن
اسلام آباد حکومت نے ملک میں جاری ترقیاتی منصوبوں کا جائزہ لیتے ہوئے اعلان کیا کہ عوام کو ریلیف فراہم کرنے کے لیے اقدامات کیے جائیں گے وزیراعظم نے کہا کہ پاکستان کی معیشت بہتری کی جانب گامزن ہے اور آئندہ سال مزید بہتر نتائج سامنے آئیں گے صوبائی حکومت نے بھی عوامی مسائل کے حل کے لیے کمیٹی تشکیل دے دی ہے جو جلد اپنی رپورٹ پیش کرے گی اسلام آباد حکومت نے ملک میں جاری ترقیاتی منصوبوں کا جائزہ لیتے ہوئے اعلان کیا کہ عوام کو ریلیف فراہم کرنے کے لیے اقدامات کیے جائیں گے وزیراعظم نے کہا کہ پاکستان کی معیشت بہتری کی جانب گامزن ہے اور آئندہ سال مزید بہتر نتائج سامنے آئیں گے صوبائی حکومت نے بھی عوامی مسائل کے حل کے لیے کمیٹی تشکیل دے دی ہے جو جلد اپنی رپورٹ پیش کرے گی اسلام آباد حکومت نے ملک میں جاری ترقیاتی منصوبوں کا جائزہ لیتے ہوئے اعلان کیا کہ عوام کو ریلیف فراہم کرنے کے لیے اقدامات کیے جائیں گے وزیراعظم نے کہا کہ پاکستان کی معیشت بہتری کی جانب گامزن ہے اور آئندہ سال مزید بہتر نتائج سامنے آئیں گے صوبائی حکومت نے بھی عوامی مسائل کے حل کے لیے کمیٹی تشکیل دے دی ہے جو جلد اپنی رپورٹ پیش کرے گی اسلام آباد حکومت نے ملک میں جاری ترقیاتی منصوبوں کا جائزہ لیتے ہوئے اعلان کیا کہ عوام کو ریلیف فراہم کرنے کے لیے اقدامات کیے جائیں گے وزیراعظم نے کہا کہ پاکستان کی معیشت بہتری کی جانب گامزن ہے اور آئندہ سال مزید بہتر نتائج سامنے آئیں گے صوبائی حکومت نے بھی عوامی مسائل کے حل کے لیے کمیٹی تشکیل دے دی ہے جو جلد اپنی رپورٹ پیش کرے گی اسلام آباد حکومت نے ملک میں جاری ترقیاتی منصوبوں کا جائزہ لیتے ہوئے اعلان کیا کہ عوام کو ریلیف فراہم کرنے کے لیے اقدامات کیے جائیں گے وزیراعظم نے کہا کہ پاکستان کی معیشت بہتری کی جانب گامزن ہے اور آئندہ سال مزید بہتر نتائج سامنے آئیں گے صوبائی حکومت نے بھی عوامی مسائل کے حل کے لیے کمیٹی تشکیل دے دی ہے جو جلد اپنی رپورٹ پیش کرے گی اسلام آباد حکومت نے ملک میں جاری ترقیاتی منصوبوں کا جائزہ لیتے ہوئے اعلان کیا کہ عوام کو ریلیف فراہم کرنے کے لیے اقدامات کیے جائیں گے وزیراعظم نے کہا کہ پاکستان کی معیشت بہتری کی جانب گامزن ہے اور آئندہ سال مزید بہتر نتائج سامنے آئیں گے صوبائی حکومت نے بھی عوامی مسائل کے حل کے لیے کمیٹی تشکیل دے دی ہے جو جلد اپنی رپورٹ پیش کرے گی
28	ڈیفینیشن
اسلام آباد حکومت نے ملک میں جاری ترقیاتی منصوبوں کا جائزہ لیتے ہوئے اعلان کیا کہ عوام کو ریلیف فراہم کرنے کے لیے اقدامات کیے جائیں گے وزیراعظم نے کہا کہ پاکستان کی معیشت بہتری کی جانب گامزن ہے اور آئندہ سال مزید بہتر نتائج سامنے آئیں گے صوبائی حکومت نے بھی عوامی مسائل کے حل کے لیے کمیٹی تشکیل دے دی ہے جو جلد اپنی رپورٹ پیش کرے گی اسلام آباد حکومت نے ملک میں جاری ترقیاتی منصوبوں کا جائزہ لیتے ہوئے اعلان کیا کہ عوام کو ریلیف فراہم کرنے کے لیے اقدامات کیے جائیں گے وزیراعظم نے کہا کہ پاکستان کی معیشت بہتری کی جانب گامزن ہے اور آئندہ سال مزید بہتر نتائج سامنے آئیں گے صوبائی حکومت نے بھی عوامی مسائل کے حل کے لیے کمیٹی تشکیل دے دی ہے جو جلد اپنی رپورٹ پیش کرے گی اسلام آباد حکومت نے ملک میں جاری ترقیاتی منصوبوں کا جائزہ لیتے ہوئے اعلان کیا کہ عوام کو ریلیف فراہم کرنے کے لیے اقدامات کیے جائیں گے وزیراعظم نے کہا کہ پاکستان کی معیشت بہتری کی جانب گامزن ہے اور آئندہ سال مزید بہتر نتائج سامنے آئیں گے صوبائی حکومت نے بھی عوامی مسائل کے حل کے لیے کمیٹی تشکیل دے دی ہے جو جلد اپنی رپورٹ پیش کرے گی اسلام آباد حکومت نے ملک میں جاری ترقیاتی منصوبوں کا جائزہ لیتے ہوئے اعلان کیا کہ عوام کو ریلیف فراہم کرنے کے لیے اقدامات کیے جائیں گے وزیراعظم نے کہا کہ پاکستان کی معیشت بہتری کی جانب گامزن ہے اور آئندہ سال مزید بہتر نتائج سامنے آئیں گے صوبائی حکومت نے بھی عوامی مسائل کے حل کے لیے کمیٹی تشکیل دے دی ہے جو جلد اپنی رپورٹ پیش کرے گی اسلام آباد حکومت نے ملک میں جاری ترقیاتی منصوبوں کا جائزہ لیتے ہوئے اعلان کیا کہ عوام کو ریلیف فراہم کرنے کے لیے اقدامات کیے جائیں گے وزیراعظم نے کہا کہ پاکستان کی معیشت بہتری کی جانب گامزن ہے اور آئندہ سال مزید بہتر نتائج سامنے آئیں گے صوبائی حکومت نے بھی عوامی مسائل کے حل کے لیے کمیٹی تشکیل دے دی ہے جو جلد اپنی رپورٹ پیش کرے گی اسلام آباد حکومت نے ملک میں جاری ترقیاتی منصوبوں کا جائزہ لیتے ہوئے اعلان کیا کہ عوام کو ریلیف فراہم کرنے کے لیے اقدامات کیے جائیں گے وزیراعظم نے کہا کہ پاکستان کی معیشت بہتری کی جانب گامزن ہے اور آئندہ سال مزید بہتر نتائج سامنے آئیں گے صوبائی حکومت نے بھی عوامی مسائل کے حل کے لیے کمیٹی تشکیل دے دی ہے جو جلد اپنی رپورٹ پیش کرے گی
29	ڈیفینیشن
اسلام آباد حکومت نے ملک میں جاری ترقیاتی منصوبوں کا جائزہ لیتے ہوئے اعلان کیا کہ عوام کو ریلیف فراہم کرنے کے لیے اقدامات کیے جائیں گے وزیراعظم نے کہا کہ پاکستان کی معیشت بہتری کی جانب گامزن ہے اور آئندہ سال مزید بہتر نتائج سامنے آئیں گے صوبائی حکومت نے بھی عوامی مسائل کے حل کے لیے کمیٹی تشکیل دے دی ہے جو جلد اپنی رپورٹ پیش کرے گی اسلام آباد حکومت نے ملک میں جاری ترقیاتی منصوبوں کا جائزہ لیتے ہوئے اعلان کیا کہ عوام کو ریلیف فراہم کرنے کے لیے اقدامات کیے جائیں گے وزیراعظم نے کہا کہ پاکستان کی معیشت بہتری کی جانب گامزن ہے اور آئندہ سال مزید بہتر نتائج سامنے آئیں گے صوبائی حکومت نے بھی عوامی مسائل کے حل کے لیے کمیٹی تشکیل دے دی ہے جو جلد اپنی رپورٹ پیش کرے گی اسلام آباد حکومت نے ملک میں جاری ترقیاتی منصوبوں کا جائزہ لیتے ہوئے اعلان کیا کہ عوام کو ریلیف فراہم کرنے کے لیے اقدامات کیے جائیں گے وزیراعظم نے کہا کہ پاکستان کی معیشت بہتری کی جانب گامزن ہے اور آئندہ سال مزید بہتر نتائج سامنے آئیں گے صوبائی حکومت نے بھی عوامی مسائل کے حل کے لیے کمیٹی تشکیل دے دی ہے جو جلد اپنی رپورٹ پیش کرے گی اسلام آباد حکومت نے ملک میں جاری ترقیاتی منصوبوں کا جائزہ لیتے ہوئے اعلان کیا کہ عوام کو ریلیف فراہم کرنے کے لیے اقدامات کیے جائیں گے وزیراعظم نے کہا کہ پاکستان کی معیشت بہتری کی جانب گامزن ہے اور آئندہ سال مزید بہتر نتائج سامنے آئیں گے صوبائی حکومت نے بھی عوامی مسائل کے حل کے لیے کمیٹی تشکیل دے دی ہے جو جلد اپنی رپورٹ پیش کرے گی اسلام آباد حکومت نے ملک میں جاری ترقیاتی منصوبوں کا جائزہ لیتے ہوئے اعلان کیا کہ عوام کو ریلیف فراہم کرنے کے لیے اقدامات کیے جائیں گے وزیراعظم نے کہا کہ پاکستان کی معیشت بہتری کی جانب گامزن ہے اور آئندہ سال مزید بہتر نتائج سامنے آئیں گے صوبائی حکومت نے بھی عوامی مسائل کے حل کے لیے کمیٹی تشکیل دے دی ہے جو جلد اپنی رپورٹ پیش کرے گی اسلام آباد حکومت نے ملک میں جاری ترقیاتی منصوبوں کا جائزہ لیتے ہوئے اعلان کیا کہ عوام کو ریلیف فراہم کرنے کے لیے اقدامات کیے جائیں گے وزیراعظم نے کہا کہ پاکستان کی معیشت بہتری کی جانب گامزن ہے اور آئندہ سال مزید بہتر نتائج سامنے آئیں گے صوبائی حکومت نے بھی عوامی مسائل کے حل کے لیے کمیٹی تشکیل دے دی ہے جو جلد اپنی رپورٹ پیش کرے گی
30	ڈیفینیشن
اسلام آباد حکومت نے ملک میں جاری ترقیاتی منصوبوں کا جائزہ لیتے ہوئے اعلان کیا کہ عوام کو ریلیف فراہم کرنے کے لیے اقدامات کیے جائیں گے وزیراعظم نے کہا کہ پاکستان کی معیشت بہتری کی جانب گامزن ہے اور آئندہ سال مزید بہتر نتائج سامنے آئیں گے صوبائی حکومت نے بھی عوامی مسائل کے حل کے لیے کمیٹی تشکیل دے دی ہے جو جلد اپنی رپورٹ پیش کرے گی اسلام آباد حکومت نے ملک میں جاری ترقیاتی منصوبوں کا جائزہ لیتے ہوئے اعلان کیا کہ عوام کو ریلیف فراہم کرنے کے لیے اقدامات کیے جائیں گے وزیراعظم نے کہا کہ پاکستان کی معیشت بہتری کی جانب گامزن ہے اور آئندہ سال مزید بہتر نتائج سامنے آئیں گے صوبائی حکومت نے بھی عوامی مسائل کے حل کے لیے کمیٹی تشکیل دے دی ہے جو جلد اپنی رپورٹ پیش کرے گی اسلام آباد حکومت نے ملک میں جاری ترقیاتی منصوبوں کا جائزہ لیتے ہوئے اعلان کیا کہ عوام کو ریلیف فراہم کرنے کے لیے اقدامات کیے جائیں گے وزیراعظم نے کہا کہ پاکستان کی معیشت بہتری کی جانب گامزن ہے اور آئندہ سال مزید بہتر نتائج سامنے آئیں گے صوبائی حکومت نے بھی عوامی مسائل کے حل کے لیے کمیٹی تشکیل دے دی ہے جو جلد اپنی رپورٹ پیش کرے گی اسلام آباد حکومت نے ملک میں جاری ترقیاتی منصوبوں کا جائزہ لیتے ہوئے اعلان کیا کہ عوام کو ریلیف فراہم کرنے کے لیے اقدامات کیے جائیں گے وزیراعظم نے کہا کہ پاکستان کی معیشت بہتری کی جانب گامزن ہے اور آئندہ سال مزید بہتر نتائج سامنے آئیں گے صوبائی حکومت نے بھی عوامی مسائل کے حل کے لیے کمیٹی تشکیل دے دی ہے جو جلد اپنی رپورٹ پیش کرے گی اسلام آباد حکومت نے ملک میں جاری ترقیاتی منصوبوں کا جائزہ لیتے ہوئے اعلان کیا کہ عوام کو ریلیف فراہم کرنے کے لیے اقدامات کیے جائیں گے وزیراعظم نے کہا کہ پاکستان کی معیشت بہتری کی جانب گامزن ہے اور آئندہ سال مزید بہتر نتائج سامنے آئیں گے صوبائی حکومت نے بھی عوامی مسائل کے حل کے لیے کمیٹی تشکیل دے دی ہے جو جلد اپنی رپورٹ پیش کرے گی اسلام آباد حکومت نے ملک میں جاری ترقیاتی منصوبوں کا جائزہ لیتے ہوئے اعلان کیا کہ عوام کو ریلیف فراہم کرنے کے لیے اقدامات کیے جائیں گے وزیراعظم نے کہا کہ پاکستان کی معیشت بہتری کی جانب گامزن ہے اور آئندہ سال مزید بہتر نتائج سامنے آئیں گے صوبائی حکومت نے بھی عوامی مسائل کے حل کے لیے کمیٹی تشکیل دے دی ہے جو جلد اپنی رپورٹ پیش کرے گی
31	ڈیفینیشن
اسلام آباد حکومت نے ملک میں جاری ترقیاتی منصوبوں کا جائزہ لیتے ہوئے اعلان کیا کہ عوام کو ریلیف فراہم کرنے کے لیے اقدامات کیے جائیں گے وزیراعظم نے کہا کہ پاکستان کی معیشت بہتری کی جانب گامزن ہے اور آئندہ سال مزید بہتر نتائج سامنے آئیں گے صوبائی حکومت نے بھی عوامی مسائل کے حل کے لیے کمیٹی تشکیل دے دی ہے جو جلد اپنی رپورٹ پیش کرے گی اسلام آباد حکومت نے ملک میں جاری ترقیاتی منصوبوں کا جائزہ لیتے ہوئے اعلان کیا کہ عوام کو ریلیف فراہم کرنے کے لیے اقدامات کیے جائیں گے وزیراعظم نے کہا کہ پاکستان کی معیشت بہتری کی جانب گامزن ہے اور آئندہ سال مزید بہتر نتائج سامنے آئیں گے صوبائی حکومت نے بھی عوامی مسائل کے حل کے لیے کمیٹی تشکیل دے دی ہے جو جلد اپنی رپورٹ پیش کرے گی اسلام آباد حکومت نے ملک میں جاری ترقیاتی منصوبوں کا جائزہ لیتے ہوئے اعلان کیا کہ عوام کو ریلیف فراہم کرنے کے لیے اقدامات کیے جائیں گے وزیراعظم نے کہا کہ پاکستان کی معیشت بہتری کی جانب گامزن ہے اور آئندہ سال مزید بہتر نتائج سامنے آئیں گے صوبائی حکومت نے بھی عوامی مسائل کے حل کے لیے کمیٹی تشکیل دے دی ہے جو جلد اپنی رپورٹ پیش کرے گی اسلام آباد حکومت نے ملک میں جاری ترقیاتی منصوبوں کا جائزہ لیتے ہوئے اعلان کیا کہ عوام کو ریلیف فراہم کرنے کے لیے اقدامات کیے جائیں گے وزیراعظم نے کہا کہ پاکستان کی معیشت بہتری کی جانب گامزن ہے اور آئندہ سال مزید بہتر نتائج سامنے آئیں گے صوبائی حکومت نے بھی عوامی مسائل کے حل کے لیے کمیٹی تشکیل دے دی ہے جو جلد اپنی رپورٹ پیش کرے گی اسلام آباد حکومت نے ملک میں جاری ترقیاتی منصوبوں کا جائزہ لیتے ہوئے اعلان کیا کہ عوام کو ریلیف فراہم کرنے کے لیے اقدامات کیے جائیں گے وزیراعظم نے کہا کہ پاکستان کی معیشت بہتری کی جانب گامزن ہے اور آئندہ سال مزید بہتر نتائج سامنے آئیں گے صوبائی حکومت نے بھی عوامی مسائل کے حل کے لیے کمیٹی تشکیل دے دی ہے جو جلد اپنی رپورٹ پیش کرے گی اسلام آباد حکومت نے ملک میں جاری ترقیاتی منصوبوں کا جائزہ لیتے ہوئے اعلان کیا کہ عوام کو ریلیف فراہم کرنے کے لیے اقدامات کیے جائیں گے وزیراعظم نے کہا کہ پاکستان کی معیشت بہتری کی جانب گامزن ہے اور آئندہ سال مزید بہتر نتائج سامنے آئیں گے صوبائی حکومت نے بھی عوامی مسائل کے حل کے لیے کمیٹی تشکیل دے دی ہے جو جلد اپنی رپورٹ پیش کرے گی
32	ڈیفینیشن
اسلام آباد حکومت نے ملک میں جاری ترقیاتی منصوبوں کا جائزہ لیتے ہوئے اعلان کیا کہ عوام کو ریلیف فراہم کرنے کے لیے اقدامات کیے جائیں گے وزیراعظم نے کہا کہ پاکستان کی معیشت بہتری کی جانب گامزن ہے اور آئندہ سال مزید بہتر نتائج سامنے آئیں گے صوبائی حکومت نے بھی عوامی مسائل کے حل کے لیے کمیٹی تشکیل دے دی ہے جو جلد اپنی رپورٹ پیش کرے گی اسلام آباد حکومت نے ملک میں جاری ترقیاتی منصوبوں کا جائزہ لیتے ہوئے اعلان کیا کہ عوام کو ریلیف فراہم کرنے کے لیے اقدامات کیے جائیں گے وزیراعظم نے کہا کہ پاکستان کی معیشت بہتری کی جانب گامزن ہے اور آئندہ سال مزید بہتر نتائج سامنے آئیں گے صوبائی حکومت نے بھی عوامی مسائل کے حل کے لیے کمیٹی تشکیل دے دی ہے جو جلد اپنی رپورٹ پیش کرے گی اسلام آباد حکومت نے ملک میں جاری ترقیاتی منصوبوں کا جائزہ لیتے ہوئے اعلان کیا کہ عوام کو ریلیف فراہم کرنے کے لیے اقدامات کیے جائیں گے وزیراعظم نے کہا کہ پاکستان کی معیشت بہتری کی جانب گامزن ہے اور آئندہ سال مزید بہتر نتائج سامنے آئیں گے صوبائی حکومت نے بھی عوامی مسائل کے حل کے لیے کمیٹی تشکیل دے دی ہے جو جلد اپنی رپورٹ پیش کرے گی اسلام آباد حکومت نے ملک میں جاری ترقیاتی منصوبوں کا جائزہ لیتے ہوئے اعلان کیا کہ عوام کو ریلیف فراہم کرنے کے لیے اقدامات کیے جائیں گے وزیراعظم نے کہا کہ پاکستان کی معیشت بہتری کی جانب گامزن ہے اور آئندہ سال مزید بہتر نتائج سامنے آئیں گے صوبائی حکومت نے بھی عوامی مسائل کے حل کے لیے کمیٹی تشکیل دے دی ہے جو جلد اپنی رپورٹ پیش کرے گی اسلام آباد حکومت نے ملک میں جاری ترقیاتی منصوبوں کا جائزہ لیتے ہوئے اعلان کیا کہ عوام کو ریلیف فراہم کرنے کے لیے اقدامات کیے جائیں گے وزیراعظم نے کہا کہ پاکستان کی معیشت بہتری کی جانب گامزن ہے اور آئندہ سال مزید بہتر نتائج سامنے آئیں گے صوبائی حکومت نے بھی عوامی مسائل کے حل کے لیے کمیٹی تشکیل دے دی ہے جو جلد اپنی رپورٹ پیش کرے گی اسلام آباد حکومت نے ملک میں جاری ترقیاتی منصوبوں کا جائزہ لیتے ہوئے اعلان کیا کہ عوام کو ریلیف فراہم کرنے کے لیے اقدامات کیے جائیں گے وزیراعظم نے کہا کہ پاکستان کی معیشت بہتری کی جانب گامزن ہے اور آئندہ سال مزید بہتر نتائج سامنے آئیں گے صوبائی حکومت نے بھی عوامی مسائل کے حل کے لیے کمیٹی تشکیل دے دی ہے جو جلد اپنی رپورٹ پیش کرے گی
33	ڈیفینیشن
اسلام آباد حکومت نے ملک میں جاری ترقیاتی منصوبوں کا جائزہ لیتے ہوئے اعلان کیا کہ عوام کو ریلیف فراہم کرنے کے لیے اقدامات کیے جائیں گے وزیراعظم نے کہا کہ پاکستان کی معیشت بہتری کی جانب گامزن ہے اور آئندہ سال مزید بہتر نتائج سامنے آئیں گے صوبائی حکومت نے بھی عوامی مسائل کے حل کے لیے کمیٹی تشکیل دے دی ہے جو جلد اپنی رپورٹ پیش کرے گی اسلام آباد حکومت نے ملک میں جاری ترقیاتی منصوبوں کا جائزہ لیتے ہوئے اعلان کیا کہ عوام کو ریلیف فراہم کرنے کے لیے اقدامات کیے جائیں گے وزیراعظم نے کہا کہ پاکستان کی معیشت بہتری کی جانب گامزن ہے اور آئندہ سال مزید بہتر نتائج سامنے آئیں گے صوبائی حکومت نے بھی عوامی مسائل کے حل کے لیے کمیٹی تشکیل دے دی ہے جو جلد اپنی رپورٹ پیش کرے گی اسلام آباد حکومت نے ملک میں جاری ترقیاتی منصوبوں کا جائزہ لیتے ہوئے اعلان کیا کہ عوام کو ریلیف فراہم کرنے کے لیے اقدامات کیے جائیں گے وزیراعظم نے کہا کہ پاکستان کی معیشت بہتری کی جانب گامزن ہے اور آئندہ سال مزید بہتر نتائج سامنے آئیں گے صوبائی حکومت نے بھی عوامی مسائل کے حل کے لیے کمیٹی تشکیل دے دی ہے جو جلد اپنی رپورٹ پیش کرے گی اسلام آباد حکومت نے ملک میں جاری ترقیاتی منصوبوں کا جائزہ لیتے ہوئے اعلان کیا کہ عوام کو ریلیف فراہم کرنے کے لیے اقدامات کیے جائیں گے وزیراعظم نے کہا کہ پاکستان کی معیشت بہتری کی جانب گامزن ہے اور آئندہ سال مزید بہتر نتائج سامنے آئیں گے صوبائی حکومت نے بھی عوامی مسائل کے حل کے لیے کمیٹی تشکیل دے دی ہے جو جلد اپنی رپورٹ پیش کرے گی اسلام آباد حکومت نے ملک میں جاری ترقیاتی منصوبوں کا جائزہ لیتے ہوئے اعلان کیا کہ عوام کو ریلیف فراہم کرنے کے لیے اقدامات کیے جائیں گے وزیراعظم نے کہا کہ پاکستان کی معیشت بہتری کی جانب گامزن ہے اور آئندہ سال مزید بہتر نتائج سامنے آئیں گے صوبائی حکومت نے بھی عوامی مسائل کے حل کے لیے کمیٹی تشکیل دے دی ہے جو جلد اپنی رپورٹ پیش کرے گی اسلام آباد حکومت نے ملک میں جاری ترقیاتی منصوبوں کا جائزہ لیتے ہوئے اعلان کیا کہ عوام کو ریلیف فراہم کرنے کے لیے اقدامات کیے جائیں گے وزیراعظم نے کہا کہ پاکستان کی معیشت بہتری کی جانب گامزن ہے اور آئندہ سال مزید بہتر نتائج سامنے آئیں گے صوبائی حکومت نے بھی عوامی مسائل کے حل کے لیے کمیٹی تشکیل دے دی ہے جو جلد اپنی رپورٹ پیش کرے گی
34	ڈیفینیشن
اسلام آباد حکومت نے ملک میں جاری ترقیاتی منصوبوں کا جائزہ لیتے ہوئے اعلان کیا کہ عوام کو ریلیف فراہم کرنے کے لیے اقدامات کیے جائیں گے وزیراعظم نے کہا کہ پاکستان کی معیشت بہتری کی جانب گامزن ہے اور آئندہ سال مزید بہتر نتائج سامنے آئیں گے صوبائی حکومت نے بھی عوامی مسائل کے حل کے لیے کمیٹی تشکیل دے دی ہے جو جلد اپنی رپورٹ پیش کرے گی اسلام آباد حکومت نے ملک میں جاری ترقیاتی منصوبوں کا جائزہ لیتے ہوئے اعلان کیا کہ عوام کو ریلیف فراہم کرنے کے لیے اقدامات کیے جائیں گے وزیراعظم نے کہا کہ پاکستان کی معیشت بہتری کی جانب گامزن ہے اور آئندہ سال مزید بہتر نتائج سامنے آئیں گے صوبائی حکومت نے بھی عوامی مسائل کے حل کے لیے کمیٹی تشکیل دے دی ہے جو جلد اپنی رپورٹ پیش کرے گی اسلام آباد حکومت نے ملک میں جاری ترقیاتی منصوبوں کا جائزہ لیتے ہوئے اعلان کیا کہ عوام کو ریلیف فراہم کرنے کے لیے اقدامات کیے جائیں گے وزیراعظم نے کہا کہ پاکستان کی معیشت بہتری کی جانب گامزن ہے اور آئندہ سال مزید بہتر نتائج سامنے آئیں گے صوبائی حکومت نے بھی عوامی مسائل کے حل کے لیے کمیٹی تشکیل دے دی ہے جو جلد اپنی رپورٹ پیش کرے گی اسلام آباد حکومت نے ملک میں جاری ترقیاتی منصوبوں کا جائزہ لیتے ہوئے اعلان کیا کہ عوام کو ریلیف فراہم کرنے کے لیے اقدامات کیے جائیں گے وزیراعظم نے کہا کہ پاکستان کی معیشت بہتری کی جانب گامزن ہے اور آئندہ سال مزید بہتر نتائج سامنے آئیں گے صوبائی حکومت نے بھی عوامی مسائل کے حل کے لیے کمیٹی تشکیل دے دی ہے جو جلد اپنی رپورٹ پیش کرے گی اسلام آباد حکومت نے ملک میں جاری ترقیاتی منصوبوں کا جائزہ لیتے ہوئے اعلان کیا کہ عوام کو ریلیف فراہم کرنے کے لیے اقدامات کیے جائیں گے وزیراعظم نے کہا کہ پاکستان کی معیشت بہتری کی جانب گامزن ہے اور آئندہ سال مزید بہتر نتائج سامنے آئیں گے صوبائی حکومت نے بھی عوامی مسائل کے حل کے لیے کمیٹی تشکیل دے دی ہے جو جلد اپنی رپورٹ پیش کرے گی اسلام آباد حکومت نے ملک میں جاری ترقیاتی منصوبوں کا جائزہ لیتے ہوئے اعلان کیا کہ عوام کو ریلیف فراہم کرنے کے لیے اقدامات کیے جائیں گے وزیراعظم نے کہا کہ پاکستان کی معیشت بہتری کی جانب گامزن ہے اور آئندہ سال مزید بہتر نتائج سامنے آئیں گے صوبائی حکومت نے بھی عوامی مسائل کے حل کے لیے کمیٹی تشکیل دے دی ہے جو جلد اپنی رپورٹ پیش کرے گی
35	ڈیفینیشن
اسلام آباد حکومت نے ملک میں جاری ترقیاتی منصوبوں کا جائزہ لیتے ہوئے اعلان کیا کہ عوام کو ریلیف فراہم کرنے کے لیے اقدامات کیے جائیں گے وزیراعظم نے کہا کہ پاکستان کی معیشت بہتری کی جانب گامزن ہے اور آئندہ سال مزید بہتر نتائج سامنے آئیں گے صوبائی حکومت نے بھی عوامی مسائل کے حل کے لیے کمیٹی تشکیل دے دی ہے جو جلد اپنی رپورٹ پیش کرے گی اسلام آباد حکومت نے ملک میں جاری ترقیاتی منصوبوں کا جائزہ لیتے ہوئے اعلان کیا کہ عوام کو ریلیف فراہم کرنے کے لیے اقدامات کیے جائیں گے وزیراعظم نے کہا کہ پاکستان کی معیشت بہتری کی جانب گامزن ہے اور آئندہ سال مزید بہتر نتائج سامنے آئیں گے صوبائی حکومت نے بھی عوامی مسائل کے حل کے لیے کمیٹی تشکیل دے دی ہے جو جلد اپنی رپورٹ پیش کرے گی اسلام آباد حکومت نے ملک میں جاری ترقیاتی منصوبوں کا جائزہ لیتے ہوئے اعلان کیا کہ عوام کو ریلیف فراہم کرنے کے لیے اقدامات کیے جائیں گے وزیراعظم نے کہا کہ پاکستان کی معیشت بہتری کی جانب گامزن ہے اور آئندہ سال مزید بہتر نتائج سامنے آئیں گے صوبائی حکومت نے بھی عوامی مسائل کے حل کے لیے کمیٹی تشکیل دے دی ہے جو جلد اپنی رپورٹ پیش کرے گی اسلام آباد حکومت نے ملک میں جاری ترقیاتی منصوبوں کا جائزہ لیتے ہوئے اعلان کیا کہ عوام کو ریلیف فراہم کرنے کے لیے اقدامات کیے جائیں گے وزیراعظم نے کہا کہ پاکستان کی معیشت بہتری کی جانب گامزن ہے اور آئندہ سال مزید بہتر نتائج سامنے آئیں گے صوبائی حکومت نے بھی عوامی مسائل کے حل کے لیے کمیٹی تشکیل دے دی ہے جو جلد اپنی رپورٹ پیش کرے گی اسلام آباد حکومت نے ملک میں جاری ترقیاتی منصوبوں کا جائزہ لیتے ہوئے اعلان کیا کہ عوام کو ریلیف فراہم کرنے کے لیے اقدامات کیے جائیں گے وزیراعظم نے کہا کہ پاکستان کی معیشت بہتری کی جانب گامزن ہے اور آئندہ سال مزید بہتر نتائج سامنے آئیں گے صوبائی حکومت نے بھی عوامی مسائل کے حل کے لیے کمیٹی تشکیل دے دی ہے جو جلد اپنی رپورٹ پیش کرے گی اسلام آباد حکومت نے ملک میں جاری ترقیاتی منصوبوں کا جائزہ لیتے ہوئے اعلان کیا کہ عوام کو ریلیف فراہم کرنے کے لیے اقدامات کیے جائیں گے وزیراعظم نے کہا کہ پاکستان کی معیشت بہتری کی جانب گامزن ہے اور آئندہ سال مزید بہتر نتائج سامنے آئیں گے صوبائی حکومت نے بھی عوامی مسائل کے حل کے لیے کمیٹی تشکیل دے دی ہے جو جلد اپنی رپورٹ پیش کرے گی
36	ڈیفینیشن
اسلام آباد حکومت نے ملک میں جاری ترقیاتی منصوبوں کا جائزہ لیتے ہوئے اعلان کیا کہ عوام کو ریلیف فراہم کرنے کے لیے اقدامات کیے جائیں گے وزیراعظم نے کہا کہ پاکستان کی معیشت بہتری کی جانب گامزن ہے اور آئندہ سال مزید بہتر نتائج سامنے آئیں گے صوبائی حکومت نے بھی عوامی مسائل کے حل کے لیے کمیٹی تشکیل دے دی ہے جو جلد اپنی رپورٹ پیش کرے گی اسلام آباد حکومت نے ملک میں جاری ترقیاتی منصوبوں کا جائزہ لیتے ہوئے اعلان کیا کہ عوام کو ریلیف فراہم کرنے کے لیے اقدامات کیے جائیں گے وزیراعظم نے کہا کہ پاکستان کی معیشت بہتری کی جانب گامزن ہے اور آئندہ سال مزید بہتر نتائج سامنے آئیں گے صوبائی حکومت نے بھی عوامی مسائل کے حل کے لیے کمیٹی تشکیل دے دی ہے جو جلد اپنی رپورٹ پیش کرے گی اسلام آباد حکومت نے ملک میں جاری ترقیاتی منصوبوں کا جائزہ لیتے ہوئے اعلان کیا کہ عوام کو ریلیف فراہم کرنے کے لیے اقدامات کیے جائیں گے وزیراعظم نے کہا کہ پاکستان کی معیشت بہتری کی جانب گامزن ہے اور آئندہ سال مزید بہتر نتائج سامنے آئیں گے صوبائی حکومت نے بھی عوامی مسائل کے حل کے لیے کمیٹی تشکیل دے دی ہے جو جلد اپنی رپورٹ پیش کرے گی اسلام آباد حکومت نے ملک میں جاری ترقیاتی منصوبوں کا جائزہ لیتے ہوئے اعلان کیا کہ عوام کو ریلیف فراہم کرنے کے لیے اقدامات کیے جائیں گے وزیراعظم نے کہا کہ پاکستان کی معیشت بہتری کی جانب گامزن ہے اور آئندہ سال مزید بہتر نتائج سامنے آئیں گے صوبائی حکومت نے بھی عوامی مسائل کے حل کے لیے کمیٹی تشکیل دے دی ہے جو جلد اپنی رپورٹ پیش کرے گی اسلام آباد حکومت نے ملک میں جاری ترقیاتی منصوبوں کا جائزہ لیتے ہوئے اعلان کیا کہ عوام کو ریلیف فراہم کرنے کے لیے اقدامات کیے جائیں گے وزیراعظم نے کہا کہ پاکستان کی معیشت بہتری کی جانب گامزن ہے اور آئندہ سال مزید بہتر نتائج سامنے آئیں گے صوبائی حکومت نے بھی عوامی مسائل کے حل کے لیے کمیٹی تشکیل دے دی ہے جو جلد اپنی رپورٹ پیش کرے گی اسلام آباد حکومت نے ملک میں جاری ترقیاتی منصوبوں کا جائزہ لیتے ہوئے اعلان کیا کہ عوام کو ریلیف فراہم کرنے کے لیے اقدامات کیے جائیں گے وزیراعظم نے کہا کہ پاکستان کی معیشت بہتری کی جانب گامزن ہے اور آئندہ سال مزید بہتر نتائج سامنے آئیں گے صوبائی حکومت نے بھی عوامی مسائل کے حل کے لیے کمیٹی تشکیل دے دی ہے جو جلد اپنی رپورٹ پیش کرے گی
37	ڈیفینیشن
اسلام آباد حکومت نے ملک میں جاری ترقیاتی منصوبوں کا جائزہ لیتے ہوئے اعلان کیا کہ عوام کو ریلیف فراہم کرنے کے لیے اقدامات کیے جائیں گے وزیراعظم نے کہا کہ پاکستان کی معیشت بہتری کی جانب گامزن ہے اور آئندہ سال مزید بہتر نتائج سامنے آئیں گے صوبائی حکومت نے بھی عوامی مسائل کے حل کے لیے کمیٹی تشکیل دے دی ہے جو جلد اپنی رپورٹ پیش کرے گی اسلام آباد حکومت نے ملک میں جاری ترقیاتی منصوبوں کا جائزہ لیتے ہوئے اعلان کیا کہ عوام کو ریلیف فراہم کرنے کے لیے اقدامات کیے جائیں گے وزیراعظم نے کہا کہ پاکستان کی معیشت بہتری کی جانب گامزن ہے اور آئندہ سال مزید بہتر نتائج سامنے آئیں گے صوبائی حکومت نے بھی عوامی مسائل کے حل کے لیے کمیٹی تشکیل دے دی ہے جو جلد اپنی رپورٹ پیش کرے گی اسلام آباد حکومت نے ملک میں جاری ترقیاتی منصوبوں کا جائزہ لیتے ہوئے اعلان کیا کہ عوام کو ریلیف فراہم کرنے کے لیے اقدامات کیے جائیں گے وزیراعظم نے کہا کہ پاکستان کی معیشت بہتری کی جانب گامزن ہے اور آئندہ سال مزید بہتر نتائج سامنے آئیں گے صوبائی حکومت نے بھی عوامی مسائل کے حل کے لیے کمیٹی تشکیل دے دی ہے جو جلد اپنی رپورٹ پیش کرے گی اسلام آباد حکومت نے ملک میں جاری ترقیاتی منصوبوں کا جائزہ لیتے ہوئے اعلان کیا کہ عوام کو ریلیف فراہم کرنے کے لیے اقدامات کیے جائیں گے وزیراعظم نے کہا کہ پاکستان کی معیشت بہتری کی جانب گامزن ہے اور آئندہ سال مزید بہتر نتائج سامنے آئیں گے صوبائی حکومت نے بھی عوامی مسائل کے حل کے لیے کمیٹی تشکیل دے دی ہے جو جلد اپنی رپورٹ پیش کرے گی اسلام آباد حکومت نے ملک میں جاری ترقیاتی منصوبوں کا جائزہ لیتے ہوئے اعلان کیا کہ عوام کو ریلیف فراہم کرنے کے لیے اقدامات کیے جائیں گے وزیراعظم نے کہا کہ پاکستان کی معیشت بہتری کی جانب گامزن ہے اور آئندہ سال مزید بہتر نتائج سامنے آئیں گے صوبائی حکومت نے بھی عوامی مسائل کے حل کے لیے کمیٹی تشکیل دے دی ہے جو جلد اپنی رپورٹ پیش کرے گی اسلام آباد حکومت نے ملک میں جاری ترقیاتی منصوبوں کا جائزہ لیتے ہوئے اعلان کیا کہ عوام کو ریلیف فراہم کرنے کے لیے اقدامات کیے جائیں گے وزیراعظم نے کہا کہ پاکستان کی معیشت بہتری کی جانب گامزن ہے اور آئندہ سال مزید بہتر نتائج سامنے آئیں گے صوبائی حکومت نے بھی عوامی مسائل کے حل کے لیے کمیٹی تشکیل دے دی ہے جو جلد اپنی رپورٹ پیش کرے گی
38	ڈیفینیشن
اسلام آباد حکومت نے ملک میں جاری ترقیاتی منصوبوں کا جائزہ لیتے ہوئے اعلان کیا کہ عوام کو ریلیف فراہم کرنے کے لیے اقدامات کیے جائیں گے وزیراعظم نے کہا کہ پاکستان کی معیشت بہتری کی جانب گامزن ہے اور آئندہ سال مزید بہتر نتائج سامنے آئیں گے صوبائی حکومت نے بھی عوامی مسائل کے حل کے لیے کمیٹی تشکیل دے دی ہے جو جلد اپنی رپورٹ پیش کرے گی اسلام آباد حکومت نے ملک میں جاری ترقیاتی منصوبوں کا جائزہ لیتے ہوئے اعلان کیا کہ عوام کو ریلیف فراہم کرنے کے لیے اقدامات کیے جائیں گے وزیراعظم نے کہا کہ پاکستان کی معیشت بہتری کی جانب گامزن ہے اور آئندہ سال مزید بہتر نتائج سامنے آئیں گے صوبائی حکومت نے بھی عوامی مسائل کے حل کے لیے کمیٹی تشکیل دے دی ہے جو جلد اپنی رپورٹ پیش کرے گی اسلام آباد حکومت نے ملک میں جاری ترقیاتی منصوبوں کا جائزہ لیتے ہوئے اعلان کیا کہ عوام کو ریلیف فراہم کرنے کے لیے اقدامات کیے جائیں گے وزیراعظم نے کہا کہ پاکستان کی معیشت بہتری کی جانب گامزن ہے اور آئندہ سال مزید بہتر نتائج سامنے آئیں گے صوبائی حکومت نے بھی عوامی مسائل کے حل کے لیے کمیٹی تشکیل دے دی ہے جو جلد اپنی رپورٹ پیش کرے گی اسلام آباد حکومت نے ملک میں جاری ترقیاتی منصوبوں کا جائزہ لیتے ہوئے اعلان کیا کہ عوام کو ریلیف فراہم کرنے کے لیے اقدامات کیے جائیں گے وزیراعظم نے کہا کہ پاکستان کی معیشت بہتری کی جانب گامزن ہے اور آئندہ سال مزید بہتر نتائج سامنے آئیں گے صوبائی حکومت نے بھی عوامی مسائل کے حل کے لیے کمیٹی تشکیل دے دی ہے جو جلد اپنی رپورٹ پیش کرے گی اسلام آباد حکومت نے ملک میں جاری ترقیاتی منصوبوں کا جائزہ لیتے ہوئے اعلان کیا کہ عوام کو ریلیف فراہم کرنے کے لیے اقدامات کیے جائیں گے وزیراعظم نے کہا کہ پاکستان کی معیشت بہتری کی جانب گامزن ہے اور آئندہ سال مزید بہتر نتائج سامنے آئیں گے صوبائی حکومت نے بھی عوامی مسائل کے حل کے لیے کمیٹی تشکیل دے دی ہے جو جلد اپنی رپورٹ پیش کرے گی اسلام آباد حکومت نے ملک میں جاری ترقیاتی منصوبوں کا جائزہ لیتے ہوئے اعلان کیا کہ عوام کو ریلیف فراہم کرنے کے لیے اقدامات کیے جائیں گے وزیراعظم نے کہا کہ پاکستان کی معیشت بہتری کی جانب گامزن ہے اور آئندہ سال مزید بہتر نتائج سامنے آئیں گے صوبائی حکومت نے بھی عوامی مسائل کے حل کے لیے کمیٹی تشکیل دے دی ہے جو جلد اپنی رپورٹ پیش کرے گی
39	ڈیفینیشن
اسلام آباد حکومت نے ملک میں جاری ترقیاتی منصوبوں کا جائزہ لیتے ہوئے اعلان کیا کہ عوام کو ریلیف فراہم کرنے کے لیے اقدامات کیے جائیں گے وزیراعظم نے کہا کہ پاکستان کی معیشت بہتری کی جانب گامزن ہے اور آئندہ سال مزید بہتر نتائج سامنے آئیں گے صوبائی حکومت نے بھی عوامی مسائل کے حل کے لیے کمیٹی تشکیل دے دی ہے جو جلد اپنی رپورٹ پیش کرے گی اسلام آباد حکومت نے ملک میں جاری ترقیاتی منصوبوں کا جائزہ لیتے ہوئے اعلان کیا کہ عوام کو ریلیف فراہم کرنے کے لیے اقدامات کیے جائیں گے وزیراعظم نے کہا کہ پاکستان کی معیشت بہتری کی جانب گامزن ہے اور آئندہ سال مزید بہتر نتائج سامنے آئیں گے صوبائی حکومت نے بھی عوامی مسائل کے حل کے لیے کمیٹی تشکیل دے دی ہے جو جلد اپنی رپورٹ پیش کرے گی اسلام آباد حکومت نے ملک میں جاری ترقیاتی منصوبوں کا جائزہ لیتے ہوئے اعلان کیا کہ عوام کو ریلیف فراہم کرنے کے لیے اقدامات کیے جائیں گے وزیراعظم نے کہا کہ پاکستان کی معیشت بہتری کی جانب گامزن ہے اور آئندہ سال مزید بہتر نتائج سامنے آئیں گے صوبائی حکومت نے بھی عوامی مسائل کے حل کے لیے کمیٹی تشکیل دے دی ہے جو جلد اپنی رپورٹ پیش کرے گی اسلام آباد حکومت نے ملک میں جاری ترقیاتی منصوبوں کا جائزہ لیتے ہوئے اعلان کیا کہ عوام کو ریلیف فراہم کرنے کے لیے اقدامات کیے جائیں گے وزیراعظم نے کہا کہ پاکستان کی معیشت بہتری کی جانب گامزن ہے اور آئندہ سال مزید بہتر نتائج سامنے آئیں گے صوبائی حکومت نے بھی عوامی مسائل کے حل کے لیے کمیٹی تشکیل دے دی ہے جو جلد اپنی رپورٹ پیش کرے گی اسلام آباد حکومت نے ملک میں جاری ترقیاتی منصوبوں کا جائزہ لیتے ہوئے اعلان کیا کہ عوام کو ریلیف فراہم کرنے کے لیے اقدامات کیے جائیں گے وزیراعظم نے کہا کہ پاکستان کی معیشت بہتری کی جانب گامزن ہے اور آئندہ سال مزید بہتر نتائج سامنے آئیں گے صوبائی حکومت نے بھی عوامی مسائل کے حل کے لیے کمیٹی تشکیل دے دی ہے جو جلد اپنی رپورٹ پیش کرے گی اسلام آباد حکومت نے ملک میں جاری ترقیاتی منصوبوں کا جائزہ لیتے ہوئے اعلان کیا کہ عوام کو ریلیف فراہم کرنے کے لیے اقدامات کیے جائیں گے وزیراعظم نے کہا کہ پاکستان کی معیشت بہتری کی جانب گامزن ہے اور آئندہ سال مزید بہتر نتائج سامنے آئیں گے صوبائی حکومت نے بھی عوامی مسائل کے حل کے لیے کمیٹی تشکیل دے دی ہے جو جلد اپنی رپورٹ پیش کرے گی
40	ڈیفینیشن
اسلام آباد حکومت نے ملک میں جاری ترقیاتی منصوبوں کا جائزہ لیتے ہوئے اعلان کیا کہ عوام کو ریلیف فراہم کرنے کے لیے اقدامات کیے جائیں گے وزیراعظم نے کہا کہ پاکستان کی معیشت بہتری کی جانب گامزن ہے اور آئندہ سال مزید بہتر نتائج سامنے آئیں گے صوبائی حکومت نے بھی عوامی مسائل کے حل کے لیے کمیٹی تشکیل دے دی ہے جو جلد اپنی رپورٹ پیش کرے گی اسلام آباد حکومت نے ملک میں جاری ترقیاتی منصوبوں کا جائزہ لیتے ہوئے اعلان کیا کہ عوام کو ریلیف فراہم کرنے کے لیے اقدامات کیے جائیں گے وزیراعظم نے کہا کہ پاکستان کی معیشت بہتری کی جانب گامزن ہے اور آئندہ سال مزید بہتر نتائج سامنے آئیں گے صوبائی حکومت نے بھی عوامی مسائل کے حل کے لیے کمیٹی تشکیل دے دی ہے جو جلد اپنی رپورٹ پیش کرے گی اسلام آباد حکومت نے ملک میں جاری ترقیاتی منصوبوں کا جائزہ لیتے ہوئے اعلان کیا کہ عوام کو ریلیف فراہم کرنے کے لیے اقدامات کیے جائیں گے وزیراعظم نے کہا کہ پاکستان کی معیشت بہتری کی جانب گامزن ہے اور آئندہ سال مزید بہتر نتائج سامنے آئیں گے صوبائی حکومت نے بھی عوامی مسائل کے حل کے لیے کمیٹی تشکیل دے دی ہے جو جلد اپنی رپورٹ پیش کرے گی اسلام آباد حکومت نے ملک میں جاری ترقیاتی منصوبوں کا جائزہ لیتے ہوئے اعلان کیا کہ عوام کو ریلیف فراہم کرنے کے لیے اقدامات کیے جائیں گے وزیراعظم نے کہا کہ پاکستان کی معیشت بہتری کی جانب گامزن ہے اور آئندہ سال مزید بہتر نتائج سامنے آئیں گے صوبائی حکومت نے بھی عوامی مسائل کے حل کے لیے کمیٹی تشکیل دے دی ہے جو جلد اپنی رپورٹ پیش کرے گی اسلام آباد حکومت نے ملک میں جاری ترقیاتی منصوبوں کا جائزہ لیتے ہوئے اعلان کیا کہ عوام کو ریلیف فراہم کرنے کے لیے اقدامات کیے جائیں گے وزیراعظم نے کہا کہ پاکستان کی معیشت بہتری کی جانب گامزن ہے اور آئندہ سال مزید بہتر نتائج سامنے آئیں گے صوبائی حکومت نے بھی عوامی مسائل کے حل کے لیے کمیٹی تشکیل دے دی ہے جو جلد اپنی رپورٹ پیش کرے گی اسلام آباد حکومت نے ملک میں جاری ترقیاتی منصوبوں کا جائزہ لیتے ہوئے اعلان کیا کہ عوام کو ریلیف فراہم کرنے کے لیے اقدامات کیے جائیں گے وزیراعظم نے کہا کہ پاکستان کی معیشت بہتری کی جانب گامزن ہے اور آئندہ سال مزید بہتر نتائج سامنے آئیں گے صوبائی حکومت نے بھی عوامی مسائل کے حل کے لیے کمیٹی تشکیل دے دی ہے جو جلد اپنی رپورٹ پیش کرے گی
41	ڈیفینیشن
اسلام آباد حکومت نے ملک میں جاری ترقیاتی منصوبوں کا جائزہ لیتے ہوئے اعلان کیا کہ عوام کو ریلیف فراہم کرنے کے لیے اقدامات کیے جائیں گے وزیراعظم نے کہا کہ پاکستان کی معیشت بہتری کی جانب گامزن ہے اور آئندہ سال مزید بہتر نتائج سامنے آئیں گے صوبائی حکومت نے بھی عوامی مسائل کے حل کے لیے کمیٹی تشکیل دے دی ہے جو جلد اپنی رپورٹ پیش کرے گی اسلام آباد حکومت نے ملک میں جاری ترقیاتی منصوبوں کا جائزہ لیتے ہوئے اعلان کیا کہ عوام کو ریلیف فراہم کرنے کے لیے اقدامات کیے جائیں گے وزیراعظم نے کہا کہ پاکستان کی معیشت بہتری کی جانب گامزن ہے اور آئندہ سال مزید بہتر نتائج سامنے آئیں گے صوبائی حکومت نے بھی عوامی مسائل کے حل کے لیے کمیٹی تشکیل دے دی ہے جو جلد اپنی رپورٹ پیش کرے گی اسلام آباد حکومت نے ملک میں جاری ترقیاتی منصوبوں کا جائزہ لیتے ہوئے اعلان کیا کہ عوام کو ریلیف فراہم کرنے کے لیے اقدامات کیے جائیں گے وزیراعظم نے کہا کہ پاکستان کی معیشت بہتری کی جانب گامزن ہے اور آئندہ سال مزید بہتر نتائج سامنے آئیں گے صوبائی حکومت نے بھی عوامی مسائل کے حل کے لیے کمیٹی تشکیل دے دی ہے جو جلد اپنی رپورٹ پیش کرے گی اسلام آباد حکومت نے ملک میں جاری ترقیاتی منصوبوں کا جائزہ لیتے ہوئے اعلان کیا کہ عوام کو ریلیف فراہم کرنے کے لیے اقدامات کیے جائیں گے وزیراعظم نے کہا کہ پاکستان کی معیشت بہتری کی جانب گامزن ہے اور آئندہ سال مزید بہتر نتائج سامنے آئیں گے صوبائی حکومت نے بھی عوامی مسائل کے حل کے لیے کمیٹی تشکیل دے دی ہے جو جلد اپنی رپورٹ پیش کرے گی اسلام آباد حکومت نے ملک میں جاری ترقیاتی منصوبوں کا جائزہ لیتے ہوئے اعلان کیا کہ عوام کو ریلیف فراہم کرنے کے لیے اقدامات کیے جائیں گے وزیراعظم نے کہا کہ پاکستان کی معیشت بہتری کی جانب گامزن ہے اور آئندہ سال مزید بہتر نتائج سامنے آئیں گے صوبائی حکومت نے بھی عوامی مسائل کے حل کے لیے کمیٹی تشکیل دے دی ہے جو جلد اپنی رپورٹ پیش کرے گی اسلام آباد حکومت نے ملک میں جاری ترقیاتی منصوبوں کا جائزہ لیتے ہوئے اعلان کیا کہ عوام کو ریلیف فراہم کرنے کے لیے اقدامات کیے جائیں گے وزیراعظم نے کہا کہ پاکستان کی معیشت بہتری کی جانب گامزن ہے اور آئندہ سال مزید بہتر نتائج سامنے آئیں گے صوبائی حکومت نے بھی عوامی مسائل کے حل کے لیے کمیٹی تشکیل دے دی ہے جو جلد اپنی رپورٹ پیش کرے گی
42	ڈیفینیشن
اسلام آباد حکومت نے ملک میں جاری ترقیاتی منصوبوں کا جائزہ لیتے ہوئے اعلان کیا کہ عوام کو ریلیف فراہم کرنے کے لیے اقدامات کیے جائیں گے وزیراعظم نے کہا کہ پاکستان کی معیشت بہتری کی جانب گامزن ہے اور آئندہ سال مزید بہتر نتائج سامنے آئیں گے صوبائی حکومت نے بھی عوامی مسائل کے حل کے لیے کمیٹی تشکیل دے دی ہے جو جلد اپنی رپورٹ پیش کرے گی اسلام آباد حکومت نے ملک میں جاری ترقیاتی منصوبوں کا جائزہ لیتے ہوئے اعلان کیا کہ عوام کو ریلیف فراہم کرنے کے لیے اقدامات کیے جائیں گے وزیراعظم نے کہا کہ پاکستان کی معیشت بہتری کی جانب گامزن ہے اور آئندہ سال مزید بہتر نتائج سامنے آئیں گے صوبائی حکومت نے بھی عوامی مسائل کے حل کے لیے کمیٹی تشکیل دے دی ہے جو جلد اپنی رپورٹ پیش کرے گی اسلام آباد حکومت نے ملک میں جاری ترقیاتی منصوبوں کا جائزہ لیتے ہوئے اعلان کیا کہ عوام کو ریلیف فراہم کرنے کے لیے اقدامات کیے جائیں گے وزیراعظم نے کہا کہ پاکستان کی معیشت بہتری کی جانب گامزن ہے اور آئندہ سال مزید بہتر نتائج سامنے آئیں گے صوبائی حکومت نے بھی عوامی مسائل کے حل کے لیے کمیٹی تشکیل دے دی ہے جو جلد اپنی رپورٹ پیش کرے گی اسلام آباد حکومت نے ملک میں جاری ترقیاتی منصوبوں کا جائزہ لیتے ہوئے اعلان کیا کہ عوام کو ریلیف فراہم کرنے کے لیے اقدامات کیے جائیں گے وزیراعظم نے کہا کہ پاکستان کی معیشت بہتری کی جانب گامزن ہے اور آئندہ سال مزید بہتر نتائج سامنے آئیں گے صوبائی حکومت نے بھی عوامی مسائل کے حل کے لیے کمیٹی تشکیل دے دی ہے جو جلد اپنی رپورٹ پیش کرے گی اسلام آباد حکومت نے ملک میں جاری ترقیاتی منصوبوں کا جائزہ لیتے ہوئے اعلان کیا کہ عوام کو ریلیف فراہم کرنے کے لیے اقدامات کیے جائیں گے وزیراعظم نے کہا کہ پاکستان کی معیشت بہتری کی جانب گامزن ہے اور آئندہ سال مزید بہتر نتائج سامنے آئیں گے صوبائی حکومت نے بھی عوامی مسائل کے حل کے لیے کمیٹی تشکیل دے دی ہے جو جلد اپنی رپورٹ پیش کرے گی اسلام آباد حکومت نے ملک میں جاری ترقیاتی منصوبوں کا جائزہ لیتے ہوئے اعلان کیا کہ عوام کو ریلیف فراہم کرنے کے لیے اقدامات کیے جائیں گے وزیراعظم نے کہا کہ پاکستان کی معیشت بہتری کی جانب گامزن ہے اور آئندہ سال مزید بہتر نتائج سامنے آئیں گے صوبائی حکومت نے بھی عوامی مسائل کے حل کے لیے کمیٹی تشکیل دے دی ہے جو جلد اپنی رپورٹ پیش کرے گی
43	ڈیفینیشن
اسلام آباد حکومت نے ملک میں جاری ترقیاتی منصوبوں کا جائزہ لیتے ہوئے اعلان کیا کہ عوام کو ریلیف فراہم کرنے کے لیے اقدامات کیے جائیں گے وزیراعظم نے کہا کہ پاکستان کی معیشت بہتری کی جانب گامزن ہے اور آئندہ سال مزید بہتر نتائج سامنے آئیں گے صوبائی حکومت نے بھی عوامی مسائل کے حل کے لیے کمیٹی تشکیل دے دی ہے جو جلد اپنی رپورٹ پیش کرے گی اسلام آباد حکومت نے ملک میں جاری ترقیاتی منصوبوں کا جائزہ لیتے ہوئے اعلان کیا کہ عوام کو ریلیف فراہم کرنے کے لیے اقدامات کیے جائیں گے وزیراعظم نے کہا کہ پاکستان کی معیشت بہتری کی جانب گامزن ہے اور آئندہ سال مزید بہتر نتائج سامنے آئیں گے صوبائی حکومت نے بھی عوامی مسائل کے حل کے لیے کمیٹی تشکیل دے دی ہے جو جلد اپنی رپورٹ پیش کرے گی اسلام آباد حکومت نے ملک میں جاری ترقیاتی منصوبوں کا جائزہ لیتے ہوئے اعلان کیا کہ عوام کو ریلیف فراہم کرنے کے لیے اقدامات کیے جائیں گے وزیراعظم نے کہا کہ پاکستان کی معیشت بہتری کی جانب گامزن ہے اور آئندہ سال مزید بہتر نتائج سامنے آئیں گے صوبائی حکومت نے بھی عوامی مسائل کے حل کے لیے کمیٹی تشکیل دے دی ہے جو جلد اپنی رپورٹ پیش کرے گی اسلام آباد حکومت نے ملک میں جاری ترقیاتی منصوبوں کا جائزہ لیتے ہوئے اعلان کیا کہ عوام کو ریلیف فراہم کرنے کے لیے اقدامات کیے جائیں گے وزیراعظم نے کہا کہ پاکستان کی معیشت بہتری کی جانب گامزن ہے اور آئندہ سال مزید بہتر نتائج سامنے آئیں گے صوبائی حکومت نے بھی عوامی مسائل کے حل کے لیے کمیٹی تشکیل دے دی ہے جو جلد اپنی رپورٹ پیش کرے گی اسلام آباد حکومت نے ملک میں جاری ترقیاتی منصوبوں کا جائزہ لیتے ہوئے اعلان کیا کہ عوام کو ریلیف فراہم کرنے کے لیے اقدامات کیے جائیں گے وزیراعظم نے کہا کہ پاکستان کی معیشت بہتری کی جانب گامزن ہے اور آئندہ سال مزید بہتر نتائج سامنے آئیں گے صوبائی حکومت نے بھی عوامی مسائل کے حل کے لیے کمیٹی تشکیل دے دی ہے جو جلد اپنی رپورٹ پیش کرے گی اسلام آباد حکومت نے ملک میں جاری ترقیاتی منصوبوں کا جائزہ لیتے ہوئے اعلان کیا کہ عوام کو ریلیف فراہم کرنے کے لیے اقدامات کیے جائیں گے وزیراعظم نے کہا کہ پاکستان کی معیشت بہتری کی جانب گامزن ہے اور آئندہ سال مزید بہتر نتائج سامنے آئیں گے صوبائی حکومت نے بھی عوامی مسائل کے حل کے لیے کمیٹی تشکیل دے دی ہے جو جلد اپنی رپورٹ پیش کرے گی
44	ڈیفینیشن
اسلام آباد حکومت نے ملک میں جاری ترقیاتی منصوبوں کا جائزہ لیتے ہوئے اعلان کیا کہ عوام کو ریلیف فراہم کرنے کے لیے اقدامات کیے جائیں گے وزیراعظم نے کہا کہ پاکستان کی معیشت بہتری کی جانب گامزن ہے اور آئندہ سال مزید بہتر نتائج سامنے آئیں گے صوبائی حکومت نے بھی عوامی مسائل کے حل کے لیے کمیٹی تشکیل دے دی ہے جو جلد اپنی رپورٹ پیش کرے گی اسلام آباد حکومت نے ملک میں جاری ترقیاتی منصوبوں کا جائزہ لیتے ہوئے اعلان کیا کہ عوام کو ریلیف فراہم کرنے کے لیے اقدامات کیے جائیں گے وزیراعظم نے کہا کہ پاکستان کی معیشت بہتری کی جانب گامزن ہے اور آئندہ سال مزید بہتر نتائج سامنے آئیں گے صوبائی حکومت نے بھی عوامی مسائل کے حل کے لیے کمیٹی تشکیل دے دی ہے جو جلد اپنی رپورٹ پیش کرے گی اسلام آباد حکومت نے ملک میں جاری ترقیاتی منصوبوں کا جائزہ لیتے ہوئے اعلان کیا کہ عوام کو ریلیف فراہم کرنے کے لیے اقدامات کیے جائیں گے وزیراعظم نے کہا کہ پاکستان کی معیشت بہتری کی جانب گامزن ہے اور آئندہ سال مزید بہتر نتائج سامنے آئیں گے صوبائی حکومت نے بھی عوامی مسائل کے حل کے لیے کمیٹی تشکیل دے دی ہے جو جلد اپنی رپورٹ پیش کرے گی اسلام آباد حکومت نے ملک میں جاری ترقیاتی منصوبوں کا جائزہ لیتے ہوئے اعلان کیا کہ عوام کو ریلیف فراہم کرنے کے لیے اقدامات کیے جائیں گے وزیراعظم نے کہا کہ پاکستان کی معیشت بہتری کی جانب گامزن ہے اور آئندہ سال مزید بہتر نتائج سامنے آئیں گے صوبائی حکومت نے بھی عوامی مسائل کے حل کے لیے کمیٹی تشکیل دے دی ہے جو جلد اپنی رپورٹ پیش کرے گی اسلام آباد حکومت نے ملک میں جاری ترقیاتی منصوبوں کا جائزہ لیتے ہوئے اعلان کیا کہ عوام کو ریلیف فراہم کرنے کے لیے اقدامات کیے جائیں گے وزیراعظم نے کہا کہ پاکستان کی معیشت بہتری کی جانب گامزن ہے اور آئندہ سال مزید بہتر نتائج سامنے آئیں گے صوبائی حکومت نے بھی عوامی مسائل کے حل کے لیے کمیٹی تشکیل دے دی ہے جو جلد اپنی رپورٹ پیش کرے گی اسلام آباد حکومت نے ملک میں جاری ترقیاتی منصوبوں کا جائزہ لیتے ہوئے اعلان کیا کہ عوام کو ریلیف فراہم کرنے کے لیے اقدامات کیے جائیں گے وزیراعظم نے کہا کہ پاکستان کی معیشت بہتری کی جانب گامزن ہے اور آئندہ سال مزید بہتر نتائج سامنے آئیں گے صوبائی حکومت نے بھی عوامی مسائل کے حل کے لیے کمیٹی تشکیل دے دی ہے جو جلد اپنی رپورٹ پیش کرے گی
45	ڈیفینیشن
اسلام آباد حکومت نے ملک میں جاری ترقیاتی منصوبوں کا جائزہ لیتے ہوئے اعلان کیا کہ عوام کو ریلیف فراہم کرنے کے لیے اقدامات کیے جائیں گے وزیراعظم نے کہا کہ پاکستان کی معیشت بہتری کی جانب گامزن ہے اور آئندہ سال مزید بہتر نتائج سامنے آئیں گے صوبائی حکومت نے بھی عوامی مسائل کے حل کے لیے کمیٹی تشکیل دے دی ہے جو جلد اپنی رپورٹ پیش کرے گی اسلام آباد حکومت نے ملک میں جاری ترقیاتی منصوبوں کا جائزہ لیتے ہوئے اعلان کیا کہ عوام کو ریلیف فراہم کرنے کے لیے اقدامات کیے جائیں گے وزیراعظم نے کہا کہ پاکستان کی معیشت بہتری کی جانب گامزن ہے اور آئندہ سال مزید بہتر نتائج سامنے آئیں گے صوبائی حکومت نے بھی عوامی مسائل کے حل کے لیے کمیٹی تشکیل دے دی ہے جو جلد اپنی رپورٹ پیش کرے گی اسلام آباد حکومت نے ملک میں جاری ترقیاتی منصوبوں کا جائزہ لیتے ہوئے اعلان کیا کہ عوام کو ریلیف فراہم کرنے کے لیے اقدامات کیے جائیں گے وزیراعظم نے کہا کہ پاکستان کی معیشت بہتری کی جانب گامزن ہے اور آئندہ سال مزید بہتر نتائج سامنے آئیں گے صوبائی حکومت نے بھی عوامی مسائل کے حل کے لیے کمیٹی تشکیل دے دی ہے جو جلد اپنی رپورٹ پیش کرے گی اسلام آباد حکومت نے ملک میں جاری ترقیاتی منصوبوں کا جائزہ لیتے ہوئے اعلان کیا کہ عوام کو ریلیف فراہم کرنے کے لیے اقدامات کیے جائیں گے وزیراعظم نے کہا کہ پاکستان کی معیشت بہتری کی جانب گامزن ہے اور آئندہ سال مزید بہتر نتائج سامنے آئیں گے صوبائی حکومت نے بھی عوامی مسائل کے حل کے لیے کمیٹی تشکیل دے دی ہے جو جلد اپنی رپورٹ پیش کرے گی اسلام آباد حکومت نے ملک میں جاری ترقیاتی منصوبوں کا جائزہ لیتے ہوئے اعلان کیا کہ عوام کو ریلیف فراہم کرنے کے لیے اقدامات کیے جائیں گے وزیراعظم نے کہا کہ پاکستان کی معیشت بہتری کی جانب گامزن ہے اور آئندہ سال مزید بہتر نتائج سامنے آئیں گے صوبائی حکومت نے بھی عوامی مسائل کے حل کے لیے کمیٹی تشکیل دے دی ہے جو جلد اپنی رپورٹ پیش کرے گی اسلام آباد حکومت نے ملک میں جاری ترقیاتی منصوبوں کا جائزہ لیتے ہوئے اعلان کیا کہ عوام کو ریلیف فراہم کرنے کے لیے اقدامات کیے جائیں گے وزیراعظم نے کہا کہ پاکستان کی معیشت بہتری کی جانب گامزن ہے اور آئندہ سال مزید بہتر نتائج سامنے آئیں گے صوبائی حکومت نے بھی عوامی مسائل کے حل کے لیے کمیٹی تشکیل دے دی ہے جو جلد اپنی رپورٹ پیش کرے گی
46	ڈیفینیشن
اسلام آباد حکومت نے ملک میں جاری ترقیاتی منصوبوں کا جائزہ لیتے ہوئے اعلان کیا کہ عوام کو ریلیف فراہم کرنے کے لیے اقدامات کیے جائیں گے وزیراعظم نے کہا کہ پاکستان کی معیشت بہتری کی جانب گامزن ہے اور آئندہ سال مزید بہتر نتائج سامنے آئیں گے صوبائی حکومت نے بھی عوامی مسائل کے حل کے لیے کمیٹی تشکیل دے دی ہے جو جلد اپنی رپورٹ پیش کرے گی اسلام آباد حکومت نے ملک میں جاری ترقیاتی منصوبوں کا جائزہ لیتے ہوئے اعلان کیا کہ عوام کو ریلیف فراہم کرنے کے لیے اقدامات کیے جائیں گے وزیراعظم نے کہا کہ پاکستان کی معیشت بہتری کی جانب گامزن ہے اور آئندہ سال مزید بہتر نتائج سامنے آئیں گے صوبائی حکومت نے بھی عوامی مسائل کے حل کے لیے کمیٹی تشکیل دے دی ہے جو جلد اپنی رپورٹ پیش کرے گی اسلام آباد حکومت نے ملک میں جاری ترقیاتی منصوبوں کا جائزہ لیتے ہوئے اعلان کیا کہ عوام کو ریلیف فراہم کرنے کے لیے اقدامات کیے جائیں گے وزیراعظم نے کہا کہ پاکستان کی معیشت بہتری کی جانب گامزن ہے اور آئندہ سال مزید بہتر نتائج سامنے آئیں گے صوبائی حکومت نے بھی عوامی مسائل کے حل کے لیے کمیٹی تشکیل دے دی ہے جو جلد اپنی رپورٹ پیش کرے گی اسلام آباد حکومت نے ملک میں جاری ترقیاتی منصوبوں کا جائزہ لیتے ہوئے اعلان کیا کہ عوام کو ریلیف فراہم کرنے کے لیے اقدامات کیے جائیں گے وزیراعظم نے کہا کہ پاکستان کی معیشت بہتری کی جانب گامزن ہے اور آئندہ سال مزید بہتر نتائج سامنے آئیں گے صوبائی حکومت نے بھی عوامی مسائل کے حل کے لیے کمیٹی تشکیل دے دی ہے جو جلد اپنی رپورٹ پیش کرے گی اسلام آباد حکومت نے ملک میں جاری ترقیاتی منصوبوں کا جائزہ لیتے ہوئے اعلان کیا کہ عوام کو ریلیف فراہم کرنے کے لیے اقدامات کیے جائیں گے وزیراعظم نے کہا کہ پاکستان کی معیشت بہتری کی جانب گامزن ہے اور آئندہ سال مزید بہتر نتائج سامنے آئیں گے صوبائی حکومت نے بھی عوامی مسائل کے حل کے لیے کمیٹی تشکیل دے دی ہے جو جلد اپنی رپورٹ پیش کرے گی اسلام آباد حکومت نے ملک میں جاری ترقیاتی منصوبوں کا جائزہ لیتے ہوئے اعلان کیا کہ عوام کو ریلیف فراہم کرنے کے لیے اقدامات کیے جائیں گے وزیراعظم نے کہا کہ پاکستان کی معیشت بہتری کی جانب گامزن ہے اور آئندہ سال مزید بہتر نتائج سامنے آئیں گے صوبائی حکومت نے بھی عوامی مسائل کے حل کے لیے کمیٹی تشکیل دے دی ہے جو جلد اپنی رپورٹ پیش کرے گی
